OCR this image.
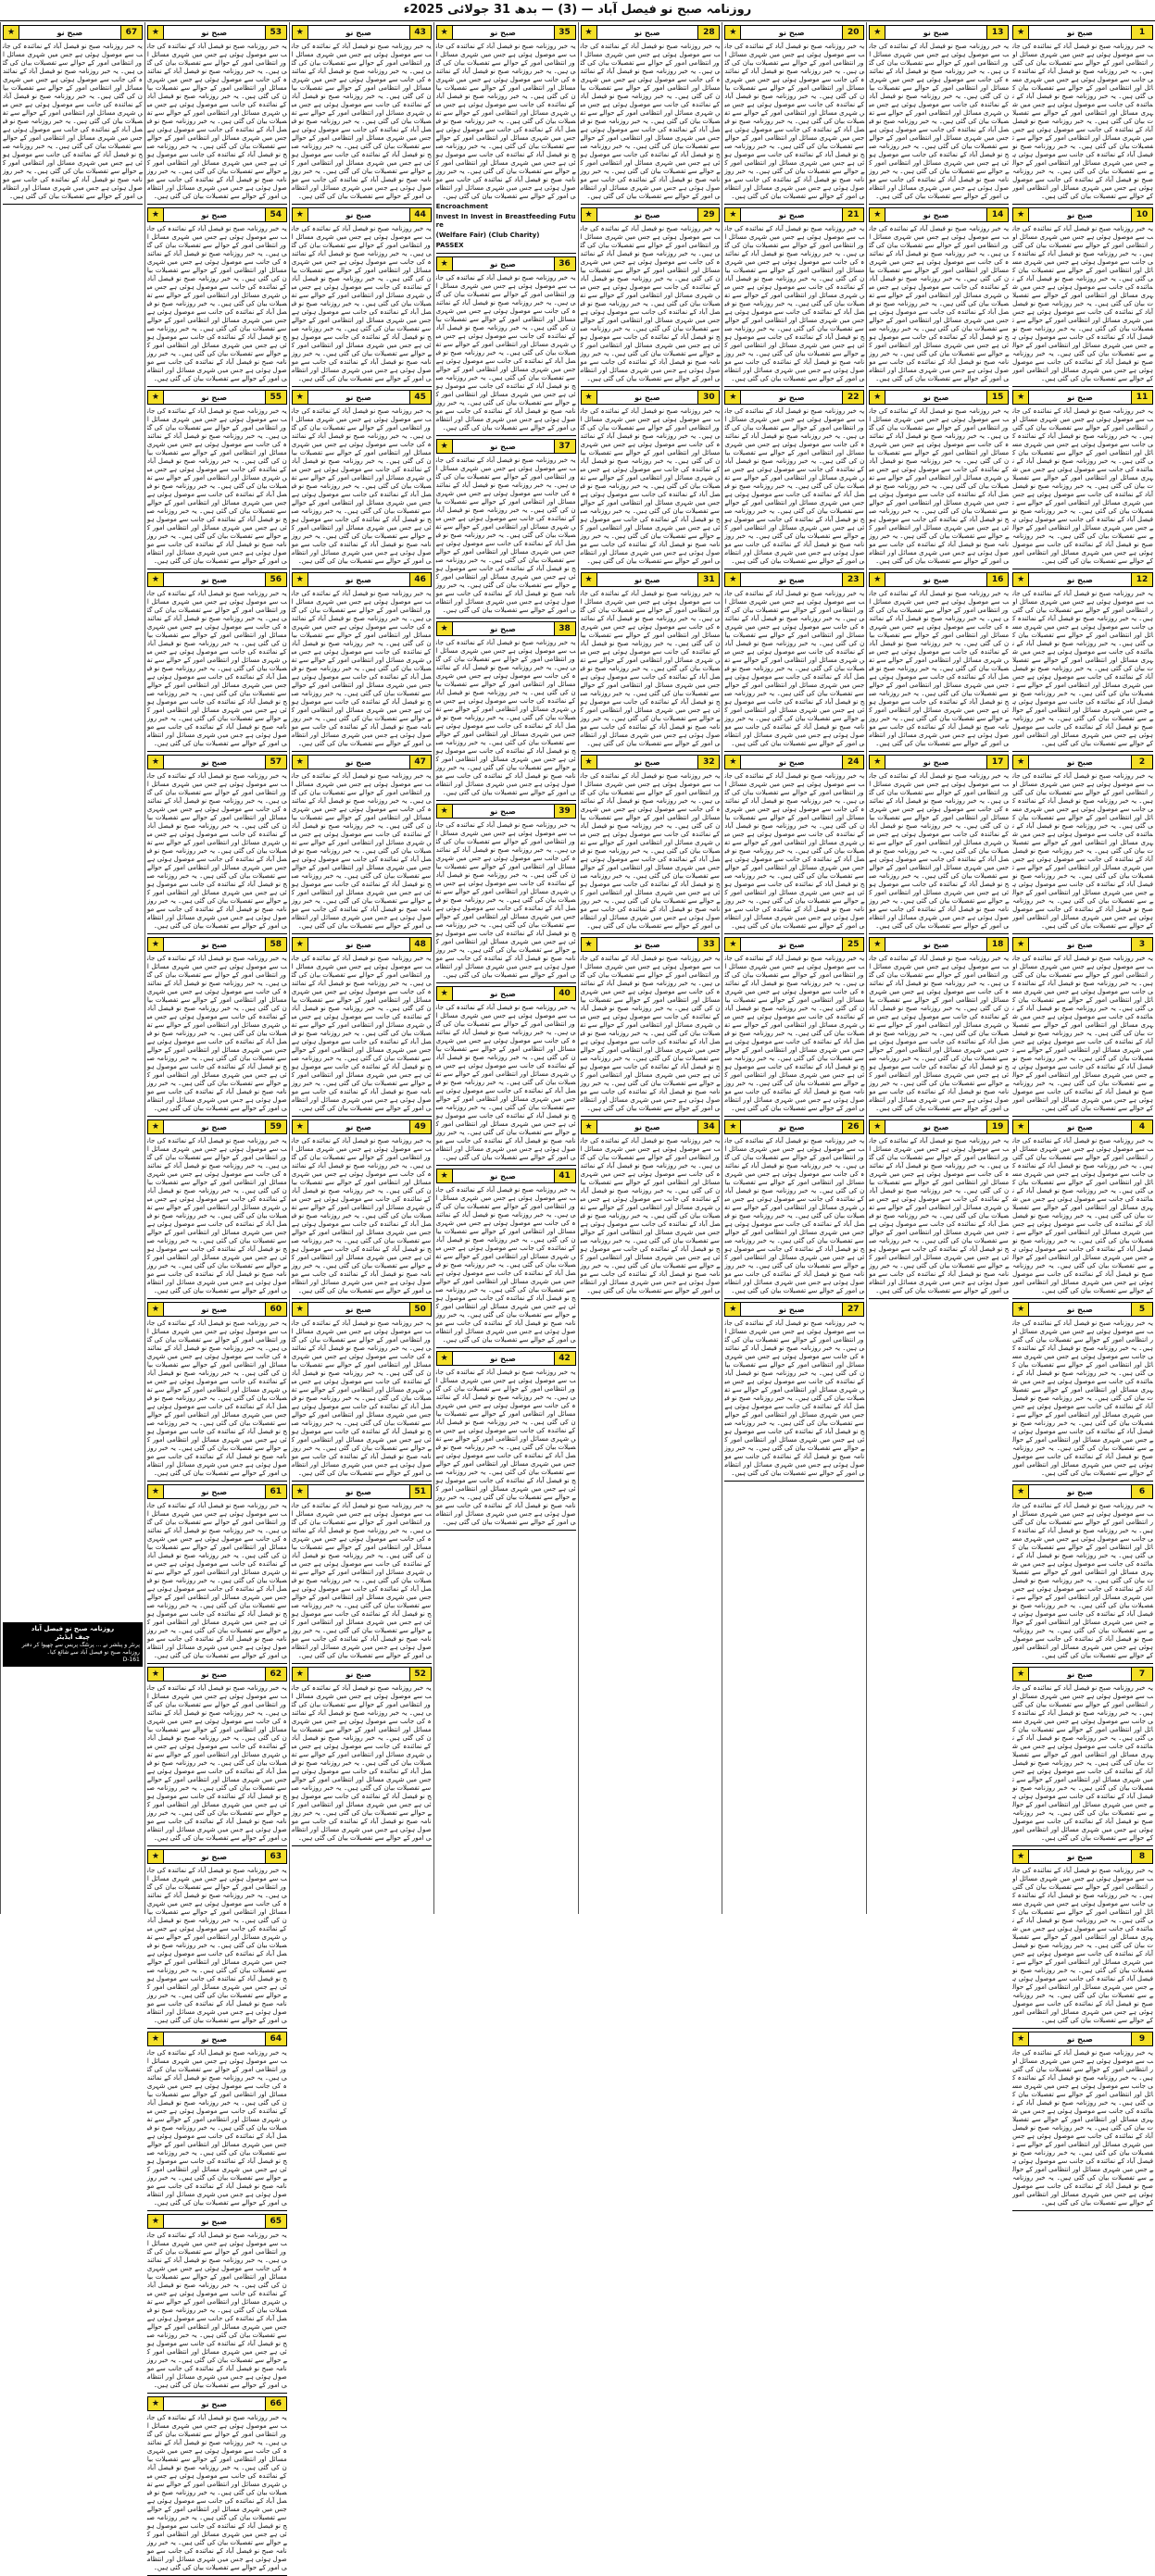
روزنامہ صبح نو فیصل آباد — (3) — بدھ 31 جولائی 2025ء
1
صبح نو
★
یہ خبر روزنامہ صبح نو فیصل آباد کے نمائندہ کی جانب سے موصول ہوئی ہے جس میں شہری مسائل اور انتظامی امور کے حوالے سے تفصیلات بیان کی گئی ہیں۔ یہ خبر روزنامہ صبح نو فیصل آباد کے نمائندہ کی جانب سے موصول ہوئی ہے جس میں شہری مسائل اور انتظامی امور کے حوالے سے تفصیلات بیان کی گئی ہیں۔ یہ خبر روزنامہ صبح نو فیصل آباد کے نمائندہ کی جانب سے موصول ہوئی ہے جس میں شہری مسائل اور انتظامی امور کے حوالے سے تفصیلات بیان کی گئی ہیں۔ یہ خبر روزنامہ صبح نو فیصل آباد کے نمائندہ کی جانب سے موصول ہوئی ہے جس میں شہری مسائل اور انتظامی امور کے حوالے سے تفصیلات بیان کی گئی ہیں۔ یہ خبر روزنامہ صبح نو فیصل آباد کے نمائندہ کی جانب سے موصول ہوئی ہے جس میں شہری مسائل اور انتظامی امور کے حوالے سے تفصیلات بیان کی گئی ہیں۔ یہ خبر روزنامہ صبح نو فیصل آباد کے نمائندہ کی جانب سے موصول ہوئی ہے جس میں شہری مسائل اور انتظامی امور کے حوالے سے تفصیلات بیان کی گئی ہیں۔
10
صبح نو
★
یہ خبر روزنامہ صبح نو فیصل آباد کے نمائندہ کی جانب سے موصول ہوئی ہے جس میں شہری مسائل اور انتظامی امور کے حوالے سے تفصیلات بیان کی گئی ہیں۔ یہ خبر روزنامہ صبح نو فیصل آباد کے نمائندہ کی جانب سے موصول ہوئی ہے جس میں شہری مسائل اور انتظامی امور کے حوالے سے تفصیلات بیان کی گئی ہیں۔ یہ خبر روزنامہ صبح نو فیصل آباد کے نمائندہ کی جانب سے موصول ہوئی ہے جس میں شہری مسائل اور انتظامی امور کے حوالے سے تفصیلات بیان کی گئی ہیں۔ یہ خبر روزنامہ صبح نو فیصل آباد کے نمائندہ کی جانب سے موصول ہوئی ہے جس میں شہری مسائل اور انتظامی امور کے حوالے سے تفصیلات بیان کی گئی ہیں۔ یہ خبر روزنامہ صبح نو فیصل آباد کے نمائندہ کی جانب سے موصول ہوئی ہے جس میں شہری مسائل اور انتظامی امور کے حوالے سے تفصیلات بیان کی گئی ہیں۔ یہ خبر روزنامہ صبح نو فیصل آباد کے نمائندہ کی جانب سے موصول ہوئی ہے جس میں شہری مسائل اور انتظامی امور کے حوالے سے تفصیلات بیان کی گئی ہیں۔
11
صبح نو
★
یہ خبر روزنامہ صبح نو فیصل آباد کے نمائندہ کی جانب سے موصول ہوئی ہے جس میں شہری مسائل اور انتظامی امور کے حوالے سے تفصیلات بیان کی گئی ہیں۔ یہ خبر روزنامہ صبح نو فیصل آباد کے نمائندہ کی جانب سے موصول ہوئی ہے جس میں شہری مسائل اور انتظامی امور کے حوالے سے تفصیلات بیان کی گئی ہیں۔ یہ خبر روزنامہ صبح نو فیصل آباد کے نمائندہ کی جانب سے موصول ہوئی ہے جس میں شہری مسائل اور انتظامی امور کے حوالے سے تفصیلات بیان کی گئی ہیں۔ یہ خبر روزنامہ صبح نو فیصل آباد کے نمائندہ کی جانب سے موصول ہوئی ہے جس میں شہری مسائل اور انتظامی امور کے حوالے سے تفصیلات بیان کی گئی ہیں۔ یہ خبر روزنامہ صبح نو فیصل آباد کے نمائندہ کی جانب سے موصول ہوئی ہے جس میں شہری مسائل اور انتظامی امور کے حوالے سے تفصیلات بیان کی گئی ہیں۔ یہ خبر روزنامہ صبح نو فیصل آباد کے نمائندہ کی جانب سے موصول ہوئی ہے جس میں شہری مسائل اور انتظامی امور کے حوالے سے تفصیلات بیان کی گئی ہیں۔
12
صبح نو
★
یہ خبر روزنامہ صبح نو فیصل آباد کے نمائندہ کی جانب سے موصول ہوئی ہے جس میں شہری مسائل اور انتظامی امور کے حوالے سے تفصیلات بیان کی گئی ہیں۔ یہ خبر روزنامہ صبح نو فیصل آباد کے نمائندہ کی جانب سے موصول ہوئی ہے جس میں شہری مسائل اور انتظامی امور کے حوالے سے تفصیلات بیان کی گئی ہیں۔ یہ خبر روزنامہ صبح نو فیصل آباد کے نمائندہ کی جانب سے موصول ہوئی ہے جس میں شہری مسائل اور انتظامی امور کے حوالے سے تفصیلات بیان کی گئی ہیں۔ یہ خبر روزنامہ صبح نو فیصل آباد کے نمائندہ کی جانب سے موصول ہوئی ہے جس میں شہری مسائل اور انتظامی امور کے حوالے سے تفصیلات بیان کی گئی ہیں۔ یہ خبر روزنامہ صبح نو فیصل آباد کے نمائندہ کی جانب سے موصول ہوئی ہے جس میں شہری مسائل اور انتظامی امور کے حوالے سے تفصیلات بیان کی گئی ہیں۔ یہ خبر روزنامہ صبح نو فیصل آباد کے نمائندہ کی جانب سے موصول ہوئی ہے جس میں شہری مسائل اور انتظامی امور کے حوالے سے تفصیلات بیان کی گئی ہیں۔
2
صبح نو
★
یہ خبر روزنامہ صبح نو فیصل آباد کے نمائندہ کی جانب سے موصول ہوئی ہے جس میں شہری مسائل اور انتظامی امور کے حوالے سے تفصیلات بیان کی گئی ہیں۔ یہ خبر روزنامہ صبح نو فیصل آباد کے نمائندہ کی جانب سے موصول ہوئی ہے جس میں شہری مسائل اور انتظامی امور کے حوالے سے تفصیلات بیان کی گئی ہیں۔ یہ خبر روزنامہ صبح نو فیصل آباد کے نمائندہ کی جانب سے موصول ہوئی ہے جس میں شہری مسائل اور انتظامی امور کے حوالے سے تفصیلات بیان کی گئی ہیں۔ یہ خبر روزنامہ صبح نو فیصل آباد کے نمائندہ کی جانب سے موصول ہوئی ہے جس میں شہری مسائل اور انتظامی امور کے حوالے سے تفصیلات بیان کی گئی ہیں۔ یہ خبر روزنامہ صبح نو فیصل آباد کے نمائندہ کی جانب سے موصول ہوئی ہے جس میں شہری مسائل اور انتظامی امور کے حوالے سے تفصیلات بیان کی گئی ہیں۔ یہ خبر روزنامہ صبح نو فیصل آباد کے نمائندہ کی جانب سے موصول ہوئی ہے جس میں شہری مسائل اور انتظامی امور کے حوالے سے تفصیلات بیان کی گئی ہیں۔
3
صبح نو
★
یہ خبر روزنامہ صبح نو فیصل آباد کے نمائندہ کی جانب سے موصول ہوئی ہے جس میں شہری مسائل اور انتظامی امور کے حوالے سے تفصیلات بیان کی گئی ہیں۔ یہ خبر روزنامہ صبح نو فیصل آباد کے نمائندہ کی جانب سے موصول ہوئی ہے جس میں شہری مسائل اور انتظامی امور کے حوالے سے تفصیلات بیان کی گئی ہیں۔ یہ خبر روزنامہ صبح نو فیصل آباد کے نمائندہ کی جانب سے موصول ہوئی ہے جس میں شہری مسائل اور انتظامی امور کے حوالے سے تفصیلات بیان کی گئی ہیں۔ یہ خبر روزنامہ صبح نو فیصل آباد کے نمائندہ کی جانب سے موصول ہوئی ہے جس میں شہری مسائل اور انتظامی امور کے حوالے سے تفصیلات بیان کی گئی ہیں۔ یہ خبر روزنامہ صبح نو فیصل آباد کے نمائندہ کی جانب سے موصول ہوئی ہے جس میں شہری مسائل اور انتظامی امور کے حوالے سے تفصیلات بیان کی گئی ہیں۔ یہ خبر روزنامہ صبح نو فیصل آباد کے نمائندہ کی جانب سے موصول ہوئی ہے جس میں شہری مسائل اور انتظامی امور کے حوالے سے تفصیلات بیان کی گئی ہیں۔
4
صبح نو
★
یہ خبر روزنامہ صبح نو فیصل آباد کے نمائندہ کی جانب سے موصول ہوئی ہے جس میں شہری مسائل اور انتظامی امور کے حوالے سے تفصیلات بیان کی گئی ہیں۔ یہ خبر روزنامہ صبح نو فیصل آباد کے نمائندہ کی جانب سے موصول ہوئی ہے جس میں شہری مسائل اور انتظامی امور کے حوالے سے تفصیلات بیان کی گئی ہیں۔ یہ خبر روزنامہ صبح نو فیصل آباد کے نمائندہ کی جانب سے موصول ہوئی ہے جس میں شہری مسائل اور انتظامی امور کے حوالے سے تفصیلات بیان کی گئی ہیں۔ یہ خبر روزنامہ صبح نو فیصل آباد کے نمائندہ کی جانب سے موصول ہوئی ہے جس میں شہری مسائل اور انتظامی امور کے حوالے سے تفصیلات بیان کی گئی ہیں۔ یہ خبر روزنامہ صبح نو فیصل آباد کے نمائندہ کی جانب سے موصول ہوئی ہے جس میں شہری مسائل اور انتظامی امور کے حوالے سے تفصیلات بیان کی گئی ہیں۔ یہ خبر روزنامہ صبح نو فیصل آباد کے نمائندہ کی جانب سے موصول ہوئی ہے جس میں شہری مسائل اور انتظامی امور کے حوالے سے تفصیلات بیان کی گئی ہیں۔
5
صبح نو
★
یہ خبر روزنامہ صبح نو فیصل آباد کے نمائندہ کی جانب سے موصول ہوئی ہے جس میں شہری مسائل اور انتظامی امور کے حوالے سے تفصیلات بیان کی گئی ہیں۔ یہ خبر روزنامہ صبح نو فیصل آباد کے نمائندہ کی جانب سے موصول ہوئی ہے جس میں شہری مسائل اور انتظامی امور کے حوالے سے تفصیلات بیان کی گئی ہیں۔ یہ خبر روزنامہ صبح نو فیصل آباد کے نمائندہ کی جانب سے موصول ہوئی ہے جس میں شہری مسائل اور انتظامی امور کے حوالے سے تفصیلات بیان کی گئی ہیں۔ یہ خبر روزنامہ صبح نو فیصل آباد کے نمائندہ کی جانب سے موصول ہوئی ہے جس میں شہری مسائل اور انتظامی امور کے حوالے سے تفصیلات بیان کی گئی ہیں۔ یہ خبر روزنامہ صبح نو فیصل آباد کے نمائندہ کی جانب سے موصول ہوئی ہے جس میں شہری مسائل اور انتظامی امور کے حوالے سے تفصیلات بیان کی گئی ہیں۔ یہ خبر روزنامہ صبح نو فیصل آباد کے نمائندہ کی جانب سے موصول ہوئی ہے جس میں شہری مسائل اور انتظامی امور کے حوالے سے تفصیلات بیان کی گئی ہیں۔
6
صبح نو
★
یہ خبر روزنامہ صبح نو فیصل آباد کے نمائندہ کی جانب سے موصول ہوئی ہے جس میں شہری مسائل اور انتظامی امور کے حوالے سے تفصیلات بیان کی گئی ہیں۔ یہ خبر روزنامہ صبح نو فیصل آباد کے نمائندہ کی جانب سے موصول ہوئی ہے جس میں شہری مسائل اور انتظامی امور کے حوالے سے تفصیلات بیان کی گئی ہیں۔ یہ خبر روزنامہ صبح نو فیصل آباد کے نمائندہ کی جانب سے موصول ہوئی ہے جس میں شہری مسائل اور انتظامی امور کے حوالے سے تفصیلات بیان کی گئی ہیں۔ یہ خبر روزنامہ صبح نو فیصل آباد کے نمائندہ کی جانب سے موصول ہوئی ہے جس میں شہری مسائل اور انتظامی امور کے حوالے سے تفصیلات بیان کی گئی ہیں۔ یہ خبر روزنامہ صبح نو فیصل آباد کے نمائندہ کی جانب سے موصول ہوئی ہے جس میں شہری مسائل اور انتظامی امور کے حوالے سے تفصیلات بیان کی گئی ہیں۔ یہ خبر روزنامہ صبح نو فیصل آباد کے نمائندہ کی جانب سے موصول ہوئی ہے جس میں شہری مسائل اور انتظامی امور کے حوالے سے تفصیلات بیان کی گئی ہیں۔
7
صبح نو
★
یہ خبر روزنامہ صبح نو فیصل آباد کے نمائندہ کی جانب سے موصول ہوئی ہے جس میں شہری مسائل اور انتظامی امور کے حوالے سے تفصیلات بیان کی گئی ہیں۔ یہ خبر روزنامہ صبح نو فیصل آباد کے نمائندہ کی جانب سے موصول ہوئی ہے جس میں شہری مسائل اور انتظامی امور کے حوالے سے تفصیلات بیان کی گئی ہیں۔ یہ خبر روزنامہ صبح نو فیصل آباد کے نمائندہ کی جانب سے موصول ہوئی ہے جس میں شہری مسائل اور انتظامی امور کے حوالے سے تفصیلات بیان کی گئی ہیں۔ یہ خبر روزنامہ صبح نو فیصل آباد کے نمائندہ کی جانب سے موصول ہوئی ہے جس میں شہری مسائل اور انتظامی امور کے حوالے سے تفصیلات بیان کی گئی ہیں۔ یہ خبر روزنامہ صبح نو فیصل آباد کے نمائندہ کی جانب سے موصول ہوئی ہے جس میں شہری مسائل اور انتظامی امور کے حوالے سے تفصیلات بیان کی گئی ہیں۔ یہ خبر روزنامہ صبح نو فیصل آباد کے نمائندہ کی جانب سے موصول ہوئی ہے جس میں شہری مسائل اور انتظامی امور کے حوالے سے تفصیلات بیان کی گئی ہیں۔
8
صبح نو
★
یہ خبر روزنامہ صبح نو فیصل آباد کے نمائندہ کی جانب سے موصول ہوئی ہے جس میں شہری مسائل اور انتظامی امور کے حوالے سے تفصیلات بیان کی گئی ہیں۔ یہ خبر روزنامہ صبح نو فیصل آباد کے نمائندہ کی جانب سے موصول ہوئی ہے جس میں شہری مسائل اور انتظامی امور کے حوالے سے تفصیلات بیان کی گئی ہیں۔ یہ خبر روزنامہ صبح نو فیصل آباد کے نمائندہ کی جانب سے موصول ہوئی ہے جس میں شہری مسائل اور انتظامی امور کے حوالے سے تفصیلات بیان کی گئی ہیں۔ یہ خبر روزنامہ صبح نو فیصل آباد کے نمائندہ کی جانب سے موصول ہوئی ہے جس میں شہری مسائل اور انتظامی امور کے حوالے سے تفصیلات بیان کی گئی ہیں۔ یہ خبر روزنامہ صبح نو فیصل آباد کے نمائندہ کی جانب سے موصول ہوئی ہے جس میں شہری مسائل اور انتظامی امور کے حوالے سے تفصیلات بیان کی گئی ہیں۔ یہ خبر روزنامہ صبح نو فیصل آباد کے نمائندہ کی جانب سے موصول ہوئی ہے جس میں شہری مسائل اور انتظامی امور کے حوالے سے تفصیلات بیان کی گئی ہیں۔
9
صبح نو
★
یہ خبر روزنامہ صبح نو فیصل آباد کے نمائندہ کی جانب سے موصول ہوئی ہے جس میں شہری مسائل اور انتظامی امور کے حوالے سے تفصیلات بیان کی گئی ہیں۔ یہ خبر روزنامہ صبح نو فیصل آباد کے نمائندہ کی جانب سے موصول ہوئی ہے جس میں شہری مسائل اور انتظامی امور کے حوالے سے تفصیلات بیان کی گئی ہیں۔ یہ خبر روزنامہ صبح نو فیصل آباد کے نمائندہ کی جانب سے موصول ہوئی ہے جس میں شہری مسائل اور انتظامی امور کے حوالے سے تفصیلات بیان کی گئی ہیں۔ یہ خبر روزنامہ صبح نو فیصل آباد کے نمائندہ کی جانب سے موصول ہوئی ہے جس میں شہری مسائل اور انتظامی امور کے حوالے سے تفصیلات بیان کی گئی ہیں۔ یہ خبر روزنامہ صبح نو فیصل آباد کے نمائندہ کی جانب سے موصول ہوئی ہے جس میں شہری مسائل اور انتظامی امور کے حوالے سے تفصیلات بیان کی گئی ہیں۔ یہ خبر روزنامہ صبح نو فیصل آباد کے نمائندہ کی جانب سے موصول ہوئی ہے جس میں شہری مسائل اور انتظامی امور کے حوالے سے تفصیلات بیان کی گئی ہیں۔
13
صبح نو
★
یہ خبر روزنامہ صبح نو فیصل آباد کے نمائندہ کی جانب سے موصول ہوئی ہے جس میں شہری مسائل اور انتظامی امور کے حوالے سے تفصیلات بیان کی گئی ہیں۔ یہ خبر روزنامہ صبح نو فیصل آباد کے نمائندہ کی جانب سے موصول ہوئی ہے جس میں شہری مسائل اور انتظامی امور کے حوالے سے تفصیلات بیان کی گئی ہیں۔ یہ خبر روزنامہ صبح نو فیصل آباد کے نمائندہ کی جانب سے موصول ہوئی ہے جس میں شہری مسائل اور انتظامی امور کے حوالے سے تفصیلات بیان کی گئی ہیں۔ یہ خبر روزنامہ صبح نو فیصل آباد کے نمائندہ کی جانب سے موصول ہوئی ہے جس میں شہری مسائل اور انتظامی امور کے حوالے سے تفصیلات بیان کی گئی ہیں۔ یہ خبر روزنامہ صبح نو فیصل آباد کے نمائندہ کی جانب سے موصول ہوئی ہے جس میں شہری مسائل اور انتظامی امور کے حوالے سے تفصیلات بیان کی گئی ہیں۔ یہ خبر روزنامہ صبح نو فیصل آباد کے نمائندہ کی جانب سے موصول ہوئی ہے جس میں شہری مسائل اور انتظامی امور کے حوالے سے تفصیلات بیان کی گئی ہیں۔
14
صبح نو
★
یہ خبر روزنامہ صبح نو فیصل آباد کے نمائندہ کی جانب سے موصول ہوئی ہے جس میں شہری مسائل اور انتظامی امور کے حوالے سے تفصیلات بیان کی گئی ہیں۔ یہ خبر روزنامہ صبح نو فیصل آباد کے نمائندہ کی جانب سے موصول ہوئی ہے جس میں شہری مسائل اور انتظامی امور کے حوالے سے تفصیلات بیان کی گئی ہیں۔ یہ خبر روزنامہ صبح نو فیصل آباد کے نمائندہ کی جانب سے موصول ہوئی ہے جس میں شہری مسائل اور انتظامی امور کے حوالے سے تفصیلات بیان کی گئی ہیں۔ یہ خبر روزنامہ صبح نو فیصل آباد کے نمائندہ کی جانب سے موصول ہوئی ہے جس میں شہری مسائل اور انتظامی امور کے حوالے سے تفصیلات بیان کی گئی ہیں۔ یہ خبر روزنامہ صبح نو فیصل آباد کے نمائندہ کی جانب سے موصول ہوئی ہے جس میں شہری مسائل اور انتظامی امور کے حوالے سے تفصیلات بیان کی گئی ہیں۔ یہ خبر روزنامہ صبح نو فیصل آباد کے نمائندہ کی جانب سے موصول ہوئی ہے جس میں شہری مسائل اور انتظامی امور کے حوالے سے تفصیلات بیان کی گئی ہیں۔
15
صبح نو
★
یہ خبر روزنامہ صبح نو فیصل آباد کے نمائندہ کی جانب سے موصول ہوئی ہے جس میں شہری مسائل اور انتظامی امور کے حوالے سے تفصیلات بیان کی گئی ہیں۔ یہ خبر روزنامہ صبح نو فیصل آباد کے نمائندہ کی جانب سے موصول ہوئی ہے جس میں شہری مسائل اور انتظامی امور کے حوالے سے تفصیلات بیان کی گئی ہیں۔ یہ خبر روزنامہ صبح نو فیصل آباد کے نمائندہ کی جانب سے موصول ہوئی ہے جس میں شہری مسائل اور انتظامی امور کے حوالے سے تفصیلات بیان کی گئی ہیں۔ یہ خبر روزنامہ صبح نو فیصل آباد کے نمائندہ کی جانب سے موصول ہوئی ہے جس میں شہری مسائل اور انتظامی امور کے حوالے سے تفصیلات بیان کی گئی ہیں۔ یہ خبر روزنامہ صبح نو فیصل آباد کے نمائندہ کی جانب سے موصول ہوئی ہے جس میں شہری مسائل اور انتظامی امور کے حوالے سے تفصیلات بیان کی گئی ہیں۔ یہ خبر روزنامہ صبح نو فیصل آباد کے نمائندہ کی جانب سے موصول ہوئی ہے جس میں شہری مسائل اور انتظامی امور کے حوالے سے تفصیلات بیان کی گئی ہیں۔
16
صبح نو
★
یہ خبر روزنامہ صبح نو فیصل آباد کے نمائندہ کی جانب سے موصول ہوئی ہے جس میں شہری مسائل اور انتظامی امور کے حوالے سے تفصیلات بیان کی گئی ہیں۔ یہ خبر روزنامہ صبح نو فیصل آباد کے نمائندہ کی جانب سے موصول ہوئی ہے جس میں شہری مسائل اور انتظامی امور کے حوالے سے تفصیلات بیان کی گئی ہیں۔ یہ خبر روزنامہ صبح نو فیصل آباد کے نمائندہ کی جانب سے موصول ہوئی ہے جس میں شہری مسائل اور انتظامی امور کے حوالے سے تفصیلات بیان کی گئی ہیں۔ یہ خبر روزنامہ صبح نو فیصل آباد کے نمائندہ کی جانب سے موصول ہوئی ہے جس میں شہری مسائل اور انتظامی امور کے حوالے سے تفصیلات بیان کی گئی ہیں۔ یہ خبر روزنامہ صبح نو فیصل آباد کے نمائندہ کی جانب سے موصول ہوئی ہے جس میں شہری مسائل اور انتظامی امور کے حوالے سے تفصیلات بیان کی گئی ہیں۔ یہ خبر روزنامہ صبح نو فیصل آباد کے نمائندہ کی جانب سے موصول ہوئی ہے جس میں شہری مسائل اور انتظامی امور کے حوالے سے تفصیلات بیان کی گئی ہیں۔
17
صبح نو
★
یہ خبر روزنامہ صبح نو فیصل آباد کے نمائندہ کی جانب سے موصول ہوئی ہے جس میں شہری مسائل اور انتظامی امور کے حوالے سے تفصیلات بیان کی گئی ہیں۔ یہ خبر روزنامہ صبح نو فیصل آباد کے نمائندہ کی جانب سے موصول ہوئی ہے جس میں شہری مسائل اور انتظامی امور کے حوالے سے تفصیلات بیان کی گئی ہیں۔ یہ خبر روزنامہ صبح نو فیصل آباد کے نمائندہ کی جانب سے موصول ہوئی ہے جس میں شہری مسائل اور انتظامی امور کے حوالے سے تفصیلات بیان کی گئی ہیں۔ یہ خبر روزنامہ صبح نو فیصل آباد کے نمائندہ کی جانب سے موصول ہوئی ہے جس میں شہری مسائل اور انتظامی امور کے حوالے سے تفصیلات بیان کی گئی ہیں۔ یہ خبر روزنامہ صبح نو فیصل آباد کے نمائندہ کی جانب سے موصول ہوئی ہے جس میں شہری مسائل اور انتظامی امور کے حوالے سے تفصیلات بیان کی گئی ہیں۔ یہ خبر روزنامہ صبح نو فیصل آباد کے نمائندہ کی جانب سے موصول ہوئی ہے جس میں شہری مسائل اور انتظامی امور کے حوالے سے تفصیلات بیان کی گئی ہیں۔
18
صبح نو
★
یہ خبر روزنامہ صبح نو فیصل آباد کے نمائندہ کی جانب سے موصول ہوئی ہے جس میں شہری مسائل اور انتظامی امور کے حوالے سے تفصیلات بیان کی گئی ہیں۔ یہ خبر روزنامہ صبح نو فیصل آباد کے نمائندہ کی جانب سے موصول ہوئی ہے جس میں شہری مسائل اور انتظامی امور کے حوالے سے تفصیلات بیان کی گئی ہیں۔ یہ خبر روزنامہ صبح نو فیصل آباد کے نمائندہ کی جانب سے موصول ہوئی ہے جس میں شہری مسائل اور انتظامی امور کے حوالے سے تفصیلات بیان کی گئی ہیں۔ یہ خبر روزنامہ صبح نو فیصل آباد کے نمائندہ کی جانب سے موصول ہوئی ہے جس میں شہری مسائل اور انتظامی امور کے حوالے سے تفصیلات بیان کی گئی ہیں۔ یہ خبر روزنامہ صبح نو فیصل آباد کے نمائندہ کی جانب سے موصول ہوئی ہے جس میں شہری مسائل اور انتظامی امور کے حوالے سے تفصیلات بیان کی گئی ہیں۔ یہ خبر روزنامہ صبح نو فیصل آباد کے نمائندہ کی جانب سے موصول ہوئی ہے جس میں شہری مسائل اور انتظامی امور کے حوالے سے تفصیلات بیان کی گئی ہیں۔
19
صبح نو
★
یہ خبر روزنامہ صبح نو فیصل آباد کے نمائندہ کی جانب سے موصول ہوئی ہے جس میں شہری مسائل اور انتظامی امور کے حوالے سے تفصیلات بیان کی گئی ہیں۔ یہ خبر روزنامہ صبح نو فیصل آباد کے نمائندہ کی جانب سے موصول ہوئی ہے جس میں شہری مسائل اور انتظامی امور کے حوالے سے تفصیلات بیان کی گئی ہیں۔ یہ خبر روزنامہ صبح نو فیصل آباد کے نمائندہ کی جانب سے موصول ہوئی ہے جس میں شہری مسائل اور انتظامی امور کے حوالے سے تفصیلات بیان کی گئی ہیں۔ یہ خبر روزنامہ صبح نو فیصل آباد کے نمائندہ کی جانب سے موصول ہوئی ہے جس میں شہری مسائل اور انتظامی امور کے حوالے سے تفصیلات بیان کی گئی ہیں۔ یہ خبر روزنامہ صبح نو فیصل آباد کے نمائندہ کی جانب سے موصول ہوئی ہے جس میں شہری مسائل اور انتظامی امور کے حوالے سے تفصیلات بیان کی گئی ہیں۔ یہ خبر روزنامہ صبح نو فیصل آباد کے نمائندہ کی جانب سے موصول ہوئی ہے جس میں شہری مسائل اور انتظامی امور کے حوالے سے تفصیلات بیان کی گئی ہیں۔
20
صبح نو
★
یہ خبر روزنامہ صبح نو فیصل آباد کے نمائندہ کی جانب سے موصول ہوئی ہے جس میں شہری مسائل اور انتظامی امور کے حوالے سے تفصیلات بیان کی گئی ہیں۔ یہ خبر روزنامہ صبح نو فیصل آباد کے نمائندہ کی جانب سے موصول ہوئی ہے جس میں شہری مسائل اور انتظامی امور کے حوالے سے تفصیلات بیان کی گئی ہیں۔ یہ خبر روزنامہ صبح نو فیصل آباد کے نمائندہ کی جانب سے موصول ہوئی ہے جس میں شہری مسائل اور انتظامی امور کے حوالے سے تفصیلات بیان کی گئی ہیں۔ یہ خبر روزنامہ صبح نو فیصل آباد کے نمائندہ کی جانب سے موصول ہوئی ہے جس میں شہری مسائل اور انتظامی امور کے حوالے سے تفصیلات بیان کی گئی ہیں۔ یہ خبر روزنامہ صبح نو فیصل آباد کے نمائندہ کی جانب سے موصول ہوئی ہے جس میں شہری مسائل اور انتظامی امور کے حوالے سے تفصیلات بیان کی گئی ہیں۔ یہ خبر روزنامہ صبح نو فیصل آباد کے نمائندہ کی جانب سے موصول ہوئی ہے جس میں شہری مسائل اور انتظامی امور کے حوالے سے تفصیلات بیان کی گئی ہیں۔
21
صبح نو
★
یہ خبر روزنامہ صبح نو فیصل آباد کے نمائندہ کی جانب سے موصول ہوئی ہے جس میں شہری مسائل اور انتظامی امور کے حوالے سے تفصیلات بیان کی گئی ہیں۔ یہ خبر روزنامہ صبح نو فیصل آباد کے نمائندہ کی جانب سے موصول ہوئی ہے جس میں شہری مسائل اور انتظامی امور کے حوالے سے تفصیلات بیان کی گئی ہیں۔ یہ خبر روزنامہ صبح نو فیصل آباد کے نمائندہ کی جانب سے موصول ہوئی ہے جس میں شہری مسائل اور انتظامی امور کے حوالے سے تفصیلات بیان کی گئی ہیں۔ یہ خبر روزنامہ صبح نو فیصل آباد کے نمائندہ کی جانب سے موصول ہوئی ہے جس میں شہری مسائل اور انتظامی امور کے حوالے سے تفصیلات بیان کی گئی ہیں۔ یہ خبر روزنامہ صبح نو فیصل آباد کے نمائندہ کی جانب سے موصول ہوئی ہے جس میں شہری مسائل اور انتظامی امور کے حوالے سے تفصیلات بیان کی گئی ہیں۔ یہ خبر روزنامہ صبح نو فیصل آباد کے نمائندہ کی جانب سے موصول ہوئی ہے جس میں شہری مسائل اور انتظامی امور کے حوالے سے تفصیلات بیان کی گئی ہیں۔
22
صبح نو
★
یہ خبر روزنامہ صبح نو فیصل آباد کے نمائندہ کی جانب سے موصول ہوئی ہے جس میں شہری مسائل اور انتظامی امور کے حوالے سے تفصیلات بیان کی گئی ہیں۔ یہ خبر روزنامہ صبح نو فیصل آباد کے نمائندہ کی جانب سے موصول ہوئی ہے جس میں شہری مسائل اور انتظامی امور کے حوالے سے تفصیلات بیان کی گئی ہیں۔ یہ خبر روزنامہ صبح نو فیصل آباد کے نمائندہ کی جانب سے موصول ہوئی ہے جس میں شہری مسائل اور انتظامی امور کے حوالے سے تفصیلات بیان کی گئی ہیں۔ یہ خبر روزنامہ صبح نو فیصل آباد کے نمائندہ کی جانب سے موصول ہوئی ہے جس میں شہری مسائل اور انتظامی امور کے حوالے سے تفصیلات بیان کی گئی ہیں۔ یہ خبر روزنامہ صبح نو فیصل آباد کے نمائندہ کی جانب سے موصول ہوئی ہے جس میں شہری مسائل اور انتظامی امور کے حوالے سے تفصیلات بیان کی گئی ہیں۔ یہ خبر روزنامہ صبح نو فیصل آباد کے نمائندہ کی جانب سے موصول ہوئی ہے جس میں شہری مسائل اور انتظامی امور کے حوالے سے تفصیلات بیان کی گئی ہیں۔
23
صبح نو
★
یہ خبر روزنامہ صبح نو فیصل آباد کے نمائندہ کی جانب سے موصول ہوئی ہے جس میں شہری مسائل اور انتظامی امور کے حوالے سے تفصیلات بیان کی گئی ہیں۔ یہ خبر روزنامہ صبح نو فیصل آباد کے نمائندہ کی جانب سے موصول ہوئی ہے جس میں شہری مسائل اور انتظامی امور کے حوالے سے تفصیلات بیان کی گئی ہیں۔ یہ خبر روزنامہ صبح نو فیصل آباد کے نمائندہ کی جانب سے موصول ہوئی ہے جس میں شہری مسائل اور انتظامی امور کے حوالے سے تفصیلات بیان کی گئی ہیں۔ یہ خبر روزنامہ صبح نو فیصل آباد کے نمائندہ کی جانب سے موصول ہوئی ہے جس میں شہری مسائل اور انتظامی امور کے حوالے سے تفصیلات بیان کی گئی ہیں۔ یہ خبر روزنامہ صبح نو فیصل آباد کے نمائندہ کی جانب سے موصول ہوئی ہے جس میں شہری مسائل اور انتظامی امور کے حوالے سے تفصیلات بیان کی گئی ہیں۔ یہ خبر روزنامہ صبح نو فیصل آباد کے نمائندہ کی جانب سے موصول ہوئی ہے جس میں شہری مسائل اور انتظامی امور کے حوالے سے تفصیلات بیان کی گئی ہیں۔
24
صبح نو
★
یہ خبر روزنامہ صبح نو فیصل آباد کے نمائندہ کی جانب سے موصول ہوئی ہے جس میں شہری مسائل اور انتظامی امور کے حوالے سے تفصیلات بیان کی گئی ہیں۔ یہ خبر روزنامہ صبح نو فیصل آباد کے نمائندہ کی جانب سے موصول ہوئی ہے جس میں شہری مسائل اور انتظامی امور کے حوالے سے تفصیلات بیان کی گئی ہیں۔ یہ خبر روزنامہ صبح نو فیصل آباد کے نمائندہ کی جانب سے موصول ہوئی ہے جس میں شہری مسائل اور انتظامی امور کے حوالے سے تفصیلات بیان کی گئی ہیں۔ یہ خبر روزنامہ صبح نو فیصل آباد کے نمائندہ کی جانب سے موصول ہوئی ہے جس میں شہری مسائل اور انتظامی امور کے حوالے سے تفصیلات بیان کی گئی ہیں۔ یہ خبر روزنامہ صبح نو فیصل آباد کے نمائندہ کی جانب سے موصول ہوئی ہے جس میں شہری مسائل اور انتظامی امور کے حوالے سے تفصیلات بیان کی گئی ہیں۔ یہ خبر روزنامہ صبح نو فیصل آباد کے نمائندہ کی جانب سے موصول ہوئی ہے جس میں شہری مسائل اور انتظامی امور کے حوالے سے تفصیلات بیان کی گئی ہیں۔
25
صبح نو
★
یہ خبر روزنامہ صبح نو فیصل آباد کے نمائندہ کی جانب سے موصول ہوئی ہے جس میں شہری مسائل اور انتظامی امور کے حوالے سے تفصیلات بیان کی گئی ہیں۔ یہ خبر روزنامہ صبح نو فیصل آباد کے نمائندہ کی جانب سے موصول ہوئی ہے جس میں شہری مسائل اور انتظامی امور کے حوالے سے تفصیلات بیان کی گئی ہیں۔ یہ خبر روزنامہ صبح نو فیصل آباد کے نمائندہ کی جانب سے موصول ہوئی ہے جس میں شہری مسائل اور انتظامی امور کے حوالے سے تفصیلات بیان کی گئی ہیں۔ یہ خبر روزنامہ صبح نو فیصل آباد کے نمائندہ کی جانب سے موصول ہوئی ہے جس میں شہری مسائل اور انتظامی امور کے حوالے سے تفصیلات بیان کی گئی ہیں۔ یہ خبر روزنامہ صبح نو فیصل آباد کے نمائندہ کی جانب سے موصول ہوئی ہے جس میں شہری مسائل اور انتظامی امور کے حوالے سے تفصیلات بیان کی گئی ہیں۔ یہ خبر روزنامہ صبح نو فیصل آباد کے نمائندہ کی جانب سے موصول ہوئی ہے جس میں شہری مسائل اور انتظامی امور کے حوالے سے تفصیلات بیان کی گئی ہیں۔
26
صبح نو
★
یہ خبر روزنامہ صبح نو فیصل آباد کے نمائندہ کی جانب سے موصول ہوئی ہے جس میں شہری مسائل اور انتظامی امور کے حوالے سے تفصیلات بیان کی گئی ہیں۔ یہ خبر روزنامہ صبح نو فیصل آباد کے نمائندہ کی جانب سے موصول ہوئی ہے جس میں شہری مسائل اور انتظامی امور کے حوالے سے تفصیلات بیان کی گئی ہیں۔ یہ خبر روزنامہ صبح نو فیصل آباد کے نمائندہ کی جانب سے موصول ہوئی ہے جس میں شہری مسائل اور انتظامی امور کے حوالے سے تفصیلات بیان کی گئی ہیں۔ یہ خبر روزنامہ صبح نو فیصل آباد کے نمائندہ کی جانب سے موصول ہوئی ہے جس میں شہری مسائل اور انتظامی امور کے حوالے سے تفصیلات بیان کی گئی ہیں۔ یہ خبر روزنامہ صبح نو فیصل آباد کے نمائندہ کی جانب سے موصول ہوئی ہے جس میں شہری مسائل اور انتظامی امور کے حوالے سے تفصیلات بیان کی گئی ہیں۔ یہ خبر روزنامہ صبح نو فیصل آباد کے نمائندہ کی جانب سے موصول ہوئی ہے جس میں شہری مسائل اور انتظامی امور کے حوالے سے تفصیلات بیان کی گئی ہیں۔
27
صبح نو
★
یہ خبر روزنامہ صبح نو فیصل آباد کے نمائندہ کی جانب سے موصول ہوئی ہے جس میں شہری مسائل اور انتظامی امور کے حوالے سے تفصیلات بیان کی گئی ہیں۔ یہ خبر روزنامہ صبح نو فیصل آباد کے نمائندہ کی جانب سے موصول ہوئی ہے جس میں شہری مسائل اور انتظامی امور کے حوالے سے تفصیلات بیان کی گئی ہیں۔ یہ خبر روزنامہ صبح نو فیصل آباد کے نمائندہ کی جانب سے موصول ہوئی ہے جس میں شہری مسائل اور انتظامی امور کے حوالے سے تفصیلات بیان کی گئی ہیں۔ یہ خبر روزنامہ صبح نو فیصل آباد کے نمائندہ کی جانب سے موصول ہوئی ہے جس میں شہری مسائل اور انتظامی امور کے حوالے سے تفصیلات بیان کی گئی ہیں۔ یہ خبر روزنامہ صبح نو فیصل آباد کے نمائندہ کی جانب سے موصول ہوئی ہے جس میں شہری مسائل اور انتظامی امور کے حوالے سے تفصیلات بیان کی گئی ہیں۔ یہ خبر روزنامہ صبح نو فیصل آباد کے نمائندہ کی جانب سے موصول ہوئی ہے جس میں شہری مسائل اور انتظامی امور کے حوالے سے تفصیلات بیان کی گئی ہیں۔
28
صبح نو
★
یہ خبر روزنامہ صبح نو فیصل آباد کے نمائندہ کی جانب سے موصول ہوئی ہے جس میں شہری مسائل اور انتظامی امور کے حوالے سے تفصیلات بیان کی گئی ہیں۔ یہ خبر روزنامہ صبح نو فیصل آباد کے نمائندہ کی جانب سے موصول ہوئی ہے جس میں شہری مسائل اور انتظامی امور کے حوالے سے تفصیلات بیان کی گئی ہیں۔ یہ خبر روزنامہ صبح نو فیصل آباد کے نمائندہ کی جانب سے موصول ہوئی ہے جس میں شہری مسائل اور انتظامی امور کے حوالے سے تفصیلات بیان کی گئی ہیں۔ یہ خبر روزنامہ صبح نو فیصل آباد کے نمائندہ کی جانب سے موصول ہوئی ہے جس میں شہری مسائل اور انتظامی امور کے حوالے سے تفصیلات بیان کی گئی ہیں۔ یہ خبر روزنامہ صبح نو فیصل آباد کے نمائندہ کی جانب سے موصول ہوئی ہے جس میں شہری مسائل اور انتظامی امور کے حوالے سے تفصیلات بیان کی گئی ہیں۔ یہ خبر روزنامہ صبح نو فیصل آباد کے نمائندہ کی جانب سے موصول ہوئی ہے جس میں شہری مسائل اور انتظامی امور کے حوالے سے تفصیلات بیان کی گئی ہیں۔
29
صبح نو
★
یہ خبر روزنامہ صبح نو فیصل آباد کے نمائندہ کی جانب سے موصول ہوئی ہے جس میں شہری مسائل اور انتظامی امور کے حوالے سے تفصیلات بیان کی گئی ہیں۔ یہ خبر روزنامہ صبح نو فیصل آباد کے نمائندہ کی جانب سے موصول ہوئی ہے جس میں شہری مسائل اور انتظامی امور کے حوالے سے تفصیلات بیان کی گئی ہیں۔ یہ خبر روزنامہ صبح نو فیصل آباد کے نمائندہ کی جانب سے موصول ہوئی ہے جس میں شہری مسائل اور انتظامی امور کے حوالے سے تفصیلات بیان کی گئی ہیں۔ یہ خبر روزنامہ صبح نو فیصل آباد کے نمائندہ کی جانب سے موصول ہوئی ہے جس میں شہری مسائل اور انتظامی امور کے حوالے سے تفصیلات بیان کی گئی ہیں۔ یہ خبر روزنامہ صبح نو فیصل آباد کے نمائندہ کی جانب سے موصول ہوئی ہے جس میں شہری مسائل اور انتظامی امور کے حوالے سے تفصیلات بیان کی گئی ہیں۔ یہ خبر روزنامہ صبح نو فیصل آباد کے نمائندہ کی جانب سے موصول ہوئی ہے جس میں شہری مسائل اور انتظامی امور کے حوالے سے تفصیلات بیان کی گئی ہیں۔
30
صبح نو
★
یہ خبر روزنامہ صبح نو فیصل آباد کے نمائندہ کی جانب سے موصول ہوئی ہے جس میں شہری مسائل اور انتظامی امور کے حوالے سے تفصیلات بیان کی گئی ہیں۔ یہ خبر روزنامہ صبح نو فیصل آباد کے نمائندہ کی جانب سے موصول ہوئی ہے جس میں شہری مسائل اور انتظامی امور کے حوالے سے تفصیلات بیان کی گئی ہیں۔ یہ خبر روزنامہ صبح نو فیصل آباد کے نمائندہ کی جانب سے موصول ہوئی ہے جس میں شہری مسائل اور انتظامی امور کے حوالے سے تفصیلات بیان کی گئی ہیں۔ یہ خبر روزنامہ صبح نو فیصل آباد کے نمائندہ کی جانب سے موصول ہوئی ہے جس میں شہری مسائل اور انتظامی امور کے حوالے سے تفصیلات بیان کی گئی ہیں۔ یہ خبر روزنامہ صبح نو فیصل آباد کے نمائندہ کی جانب سے موصول ہوئی ہے جس میں شہری مسائل اور انتظامی امور کے حوالے سے تفصیلات بیان کی گئی ہیں۔ یہ خبر روزنامہ صبح نو فیصل آباد کے نمائندہ کی جانب سے موصول ہوئی ہے جس میں شہری مسائل اور انتظامی امور کے حوالے سے تفصیلات بیان کی گئی ہیں۔
31
صبح نو
★
یہ خبر روزنامہ صبح نو فیصل آباد کے نمائندہ کی جانب سے موصول ہوئی ہے جس میں شہری مسائل اور انتظامی امور کے حوالے سے تفصیلات بیان کی گئی ہیں۔ یہ خبر روزنامہ صبح نو فیصل آباد کے نمائندہ کی جانب سے موصول ہوئی ہے جس میں شہری مسائل اور انتظامی امور کے حوالے سے تفصیلات بیان کی گئی ہیں۔ یہ خبر روزنامہ صبح نو فیصل آباد کے نمائندہ کی جانب سے موصول ہوئی ہے جس میں شہری مسائل اور انتظامی امور کے حوالے سے تفصیلات بیان کی گئی ہیں۔ یہ خبر روزنامہ صبح نو فیصل آباد کے نمائندہ کی جانب سے موصول ہوئی ہے جس میں شہری مسائل اور انتظامی امور کے حوالے سے تفصیلات بیان کی گئی ہیں۔ یہ خبر روزنامہ صبح نو فیصل آباد کے نمائندہ کی جانب سے موصول ہوئی ہے جس میں شہری مسائل اور انتظامی امور کے حوالے سے تفصیلات بیان کی گئی ہیں۔ یہ خبر روزنامہ صبح نو فیصل آباد کے نمائندہ کی جانب سے موصول ہوئی ہے جس میں شہری مسائل اور انتظامی امور کے حوالے سے تفصیلات بیان کی گئی ہیں۔
32
صبح نو
★
یہ خبر روزنامہ صبح نو فیصل آباد کے نمائندہ کی جانب سے موصول ہوئی ہے جس میں شہری مسائل اور انتظامی امور کے حوالے سے تفصیلات بیان کی گئی ہیں۔ یہ خبر روزنامہ صبح نو فیصل آباد کے نمائندہ کی جانب سے موصول ہوئی ہے جس میں شہری مسائل اور انتظامی امور کے حوالے سے تفصیلات بیان کی گئی ہیں۔ یہ خبر روزنامہ صبح نو فیصل آباد کے نمائندہ کی جانب سے موصول ہوئی ہے جس میں شہری مسائل اور انتظامی امور کے حوالے سے تفصیلات بیان کی گئی ہیں۔ یہ خبر روزنامہ صبح نو فیصل آباد کے نمائندہ کی جانب سے موصول ہوئی ہے جس میں شہری مسائل اور انتظامی امور کے حوالے سے تفصیلات بیان کی گئی ہیں۔ یہ خبر روزنامہ صبح نو فیصل آباد کے نمائندہ کی جانب سے موصول ہوئی ہے جس میں شہری مسائل اور انتظامی امور کے حوالے سے تفصیلات بیان کی گئی ہیں۔ یہ خبر روزنامہ صبح نو فیصل آباد کے نمائندہ کی جانب سے موصول ہوئی ہے جس میں شہری مسائل اور انتظامی امور کے حوالے سے تفصیلات بیان کی گئی ہیں۔
33
صبح نو
★
یہ خبر روزنامہ صبح نو فیصل آباد کے نمائندہ کی جانب سے موصول ہوئی ہے جس میں شہری مسائل اور انتظامی امور کے حوالے سے تفصیلات بیان کی گئی ہیں۔ یہ خبر روزنامہ صبح نو فیصل آباد کے نمائندہ کی جانب سے موصول ہوئی ہے جس میں شہری مسائل اور انتظامی امور کے حوالے سے تفصیلات بیان کی گئی ہیں۔ یہ خبر روزنامہ صبح نو فیصل آباد کے نمائندہ کی جانب سے موصول ہوئی ہے جس میں شہری مسائل اور انتظامی امور کے حوالے سے تفصیلات بیان کی گئی ہیں۔ یہ خبر روزنامہ صبح نو فیصل آباد کے نمائندہ کی جانب سے موصول ہوئی ہے جس میں شہری مسائل اور انتظامی امور کے حوالے سے تفصیلات بیان کی گئی ہیں۔ یہ خبر روزنامہ صبح نو فیصل آباد کے نمائندہ کی جانب سے موصول ہوئی ہے جس میں شہری مسائل اور انتظامی امور کے حوالے سے تفصیلات بیان کی گئی ہیں۔ یہ خبر روزنامہ صبح نو فیصل آباد کے نمائندہ کی جانب سے موصول ہوئی ہے جس میں شہری مسائل اور انتظامی امور کے حوالے سے تفصیلات بیان کی گئی ہیں۔
34
صبح نو
★
یہ خبر روزنامہ صبح نو فیصل آباد کے نمائندہ کی جانب سے موصول ہوئی ہے جس میں شہری مسائل اور انتظامی امور کے حوالے سے تفصیلات بیان کی گئی ہیں۔ یہ خبر روزنامہ صبح نو فیصل آباد کے نمائندہ کی جانب سے موصول ہوئی ہے جس میں شہری مسائل اور انتظامی امور کے حوالے سے تفصیلات بیان کی گئی ہیں۔ یہ خبر روزنامہ صبح نو فیصل آباد کے نمائندہ کی جانب سے موصول ہوئی ہے جس میں شہری مسائل اور انتظامی امور کے حوالے سے تفصیلات بیان کی گئی ہیں۔ یہ خبر روزنامہ صبح نو فیصل آباد کے نمائندہ کی جانب سے موصول ہوئی ہے جس میں شہری مسائل اور انتظامی امور کے حوالے سے تفصیلات بیان کی گئی ہیں۔ یہ خبر روزنامہ صبح نو فیصل آباد کے نمائندہ کی جانب سے موصول ہوئی ہے جس میں شہری مسائل اور انتظامی امور کے حوالے سے تفصیلات بیان کی گئی ہیں۔ یہ خبر روزنامہ صبح نو فیصل آباد کے نمائندہ کی جانب سے موصول ہوئی ہے جس میں شہری مسائل اور انتظامی امور کے حوالے سے تفصیلات بیان کی گئی ہیں۔
35
صبح نو
★
یہ خبر روزنامہ صبح نو فیصل آباد کے نمائندہ کی جانب سے موصول ہوئی ہے جس میں شہری مسائل اور انتظامی امور کے حوالے سے تفصیلات بیان کی گئی ہیں۔ یہ خبر روزنامہ صبح نو فیصل آباد کے نمائندہ کی جانب سے موصول ہوئی ہے جس میں شہری مسائل اور انتظامی امور کے حوالے سے تفصیلات بیان کی گئی ہیں۔ یہ خبر روزنامہ صبح نو فیصل آباد کے نمائندہ کی جانب سے موصول ہوئی ہے جس میں شہری مسائل اور انتظامی امور کے حوالے سے تفصیلات بیان کی گئی ہیں۔ یہ خبر روزنامہ صبح نو فیصل آباد کے نمائندہ کی جانب سے موصول ہوئی ہے جس میں شہری مسائل اور انتظامی امور کے حوالے سے تفصیلات بیان کی گئی ہیں۔ یہ خبر روزنامہ صبح نو فیصل آباد کے نمائندہ کی جانب سے موصول ہوئی ہے جس میں شہری مسائل اور انتظامی امور کے حوالے سے تفصیلات بیان کی گئی ہیں۔ یہ خبر روزنامہ صبح نو فیصل آباد کے نمائندہ کی جانب سے موصول ہوئی ہے جس میں شہری مسائل اور انتظامی امور کے حوالے سے تفصیلات بیان کی گئی ہیں۔
Encroachment
Invest In Invest in Breastfeeding Future
(Welfare Fair) (Club Charity)
PASSEX
36
صبح نو
★
یہ خبر روزنامہ صبح نو فیصل آباد کے نمائندہ کی جانب سے موصول ہوئی ہے جس میں شہری مسائل اور انتظامی امور کے حوالے سے تفصیلات بیان کی گئی ہیں۔ یہ خبر روزنامہ صبح نو فیصل آباد کے نمائندہ کی جانب سے موصول ہوئی ہے جس میں شہری مسائل اور انتظامی امور کے حوالے سے تفصیلات بیان کی گئی ہیں۔ یہ خبر روزنامہ صبح نو فیصل آباد کے نمائندہ کی جانب سے موصول ہوئی ہے جس میں شہری مسائل اور انتظامی امور کے حوالے سے تفصیلات بیان کی گئی ہیں۔ یہ خبر روزنامہ صبح نو فیصل آباد کے نمائندہ کی جانب سے موصول ہوئی ہے جس میں شہری مسائل اور انتظامی امور کے حوالے سے تفصیلات بیان کی گئی ہیں۔ یہ خبر روزنامہ صبح نو فیصل آباد کے نمائندہ کی جانب سے موصول ہوئی ہے جس میں شہری مسائل اور انتظامی امور کے حوالے سے تفصیلات بیان کی گئی ہیں۔ یہ خبر روزنامہ صبح نو فیصل آباد کے نمائندہ کی جانب سے موصول ہوئی ہے جس میں شہری مسائل اور انتظامی امور کے حوالے سے تفصیلات بیان کی گئی ہیں۔
37
صبح نو
★
یہ خبر روزنامہ صبح نو فیصل آباد کے نمائندہ کی جانب سے موصول ہوئی ہے جس میں شہری مسائل اور انتظامی امور کے حوالے سے تفصیلات بیان کی گئی ہیں۔ یہ خبر روزنامہ صبح نو فیصل آباد کے نمائندہ کی جانب سے موصول ہوئی ہے جس میں شہری مسائل اور انتظامی امور کے حوالے سے تفصیلات بیان کی گئی ہیں۔ یہ خبر روزنامہ صبح نو فیصل آباد کے نمائندہ کی جانب سے موصول ہوئی ہے جس میں شہری مسائل اور انتظامی امور کے حوالے سے تفصیلات بیان کی گئی ہیں۔ یہ خبر روزنامہ صبح نو فیصل آباد کے نمائندہ کی جانب سے موصول ہوئی ہے جس میں شہری مسائل اور انتظامی امور کے حوالے سے تفصیلات بیان کی گئی ہیں۔ یہ خبر روزنامہ صبح نو فیصل آباد کے نمائندہ کی جانب سے موصول ہوئی ہے جس میں شہری مسائل اور انتظامی امور کے حوالے سے تفصیلات بیان کی گئی ہیں۔ یہ خبر روزنامہ صبح نو فیصل آباد کے نمائندہ کی جانب سے موصول ہوئی ہے جس میں شہری مسائل اور انتظامی امور کے حوالے سے تفصیلات بیان کی گئی ہیں۔
38
صبح نو
★
یہ خبر روزنامہ صبح نو فیصل آباد کے نمائندہ کی جانب سے موصول ہوئی ہے جس میں شہری مسائل اور انتظامی امور کے حوالے سے تفصیلات بیان کی گئی ہیں۔ یہ خبر روزنامہ صبح نو فیصل آباد کے نمائندہ کی جانب سے موصول ہوئی ہے جس میں شہری مسائل اور انتظامی امور کے حوالے سے تفصیلات بیان کی گئی ہیں۔ یہ خبر روزنامہ صبح نو فیصل آباد کے نمائندہ کی جانب سے موصول ہوئی ہے جس میں شہری مسائل اور انتظامی امور کے حوالے سے تفصیلات بیان کی گئی ہیں۔ یہ خبر روزنامہ صبح نو فیصل آباد کے نمائندہ کی جانب سے موصول ہوئی ہے جس میں شہری مسائل اور انتظامی امور کے حوالے سے تفصیلات بیان کی گئی ہیں۔ یہ خبر روزنامہ صبح نو فیصل آباد کے نمائندہ کی جانب سے موصول ہوئی ہے جس میں شہری مسائل اور انتظامی امور کے حوالے سے تفصیلات بیان کی گئی ہیں۔ یہ خبر روزنامہ صبح نو فیصل آباد کے نمائندہ کی جانب سے موصول ہوئی ہے جس میں شہری مسائل اور انتظامی امور کے حوالے سے تفصیلات بیان کی گئی ہیں۔
39
صبح نو
★
یہ خبر روزنامہ صبح نو فیصل آباد کے نمائندہ کی جانب سے موصول ہوئی ہے جس میں شہری مسائل اور انتظامی امور کے حوالے سے تفصیلات بیان کی گئی ہیں۔ یہ خبر روزنامہ صبح نو فیصل آباد کے نمائندہ کی جانب سے موصول ہوئی ہے جس میں شہری مسائل اور انتظامی امور کے حوالے سے تفصیلات بیان کی گئی ہیں۔ یہ خبر روزنامہ صبح نو فیصل آباد کے نمائندہ کی جانب سے موصول ہوئی ہے جس میں شہری مسائل اور انتظامی امور کے حوالے سے تفصیلات بیان کی گئی ہیں۔ یہ خبر روزنامہ صبح نو فیصل آباد کے نمائندہ کی جانب سے موصول ہوئی ہے جس میں شہری مسائل اور انتظامی امور کے حوالے سے تفصیلات بیان کی گئی ہیں۔ یہ خبر روزنامہ صبح نو فیصل آباد کے نمائندہ کی جانب سے موصول ہوئی ہے جس میں شہری مسائل اور انتظامی امور کے حوالے سے تفصیلات بیان کی گئی ہیں۔ یہ خبر روزنامہ صبح نو فیصل آباد کے نمائندہ کی جانب سے موصول ہوئی ہے جس میں شہری مسائل اور انتظامی امور کے حوالے سے تفصیلات بیان کی گئی ہیں۔
40
صبح نو
★
یہ خبر روزنامہ صبح نو فیصل آباد کے نمائندہ کی جانب سے موصول ہوئی ہے جس میں شہری مسائل اور انتظامی امور کے حوالے سے تفصیلات بیان کی گئی ہیں۔ یہ خبر روزنامہ صبح نو فیصل آباد کے نمائندہ کی جانب سے موصول ہوئی ہے جس میں شہری مسائل اور انتظامی امور کے حوالے سے تفصیلات بیان کی گئی ہیں۔ یہ خبر روزنامہ صبح نو فیصل آباد کے نمائندہ کی جانب سے موصول ہوئی ہے جس میں شہری مسائل اور انتظامی امور کے حوالے سے تفصیلات بیان کی گئی ہیں۔ یہ خبر روزنامہ صبح نو فیصل آباد کے نمائندہ کی جانب سے موصول ہوئی ہے جس میں شہری مسائل اور انتظامی امور کے حوالے سے تفصیلات بیان کی گئی ہیں۔ یہ خبر روزنامہ صبح نو فیصل آباد کے نمائندہ کی جانب سے موصول ہوئی ہے جس میں شہری مسائل اور انتظامی امور کے حوالے سے تفصیلات بیان کی گئی ہیں۔ یہ خبر روزنامہ صبح نو فیصل آباد کے نمائندہ کی جانب سے موصول ہوئی ہے جس میں شہری مسائل اور انتظامی امور کے حوالے سے تفصیلات بیان کی گئی ہیں۔
41
صبح نو
★
یہ خبر روزنامہ صبح نو فیصل آباد کے نمائندہ کی جانب سے موصول ہوئی ہے جس میں شہری مسائل اور انتظامی امور کے حوالے سے تفصیلات بیان کی گئی ہیں۔ یہ خبر روزنامہ صبح نو فیصل آباد کے نمائندہ کی جانب سے موصول ہوئی ہے جس میں شہری مسائل اور انتظامی امور کے حوالے سے تفصیلات بیان کی گئی ہیں۔ یہ خبر روزنامہ صبح نو فیصل آباد کے نمائندہ کی جانب سے موصول ہوئی ہے جس میں شہری مسائل اور انتظامی امور کے حوالے سے تفصیلات بیان کی گئی ہیں۔ یہ خبر روزنامہ صبح نو فیصل آباد کے نمائندہ کی جانب سے موصول ہوئی ہے جس میں شہری مسائل اور انتظامی امور کے حوالے سے تفصیلات بیان کی گئی ہیں۔ یہ خبر روزنامہ صبح نو فیصل آباد کے نمائندہ کی جانب سے موصول ہوئی ہے جس میں شہری مسائل اور انتظامی امور کے حوالے سے تفصیلات بیان کی گئی ہیں۔ یہ خبر روزنامہ صبح نو فیصل آباد کے نمائندہ کی جانب سے موصول ہوئی ہے جس میں شہری مسائل اور انتظامی امور کے حوالے سے تفصیلات بیان کی گئی ہیں۔
42
صبح نو
★
یہ خبر روزنامہ صبح نو فیصل آباد کے نمائندہ کی جانب سے موصول ہوئی ہے جس میں شہری مسائل اور انتظامی امور کے حوالے سے تفصیلات بیان کی گئی ہیں۔ یہ خبر روزنامہ صبح نو فیصل آباد کے نمائندہ کی جانب سے موصول ہوئی ہے جس میں شہری مسائل اور انتظامی امور کے حوالے سے تفصیلات بیان کی گئی ہیں۔ یہ خبر روزنامہ صبح نو فیصل آباد کے نمائندہ کی جانب سے موصول ہوئی ہے جس میں شہری مسائل اور انتظامی امور کے حوالے سے تفصیلات بیان کی گئی ہیں۔ یہ خبر روزنامہ صبح نو فیصل آباد کے نمائندہ کی جانب سے موصول ہوئی ہے جس میں شہری مسائل اور انتظامی امور کے حوالے سے تفصیلات بیان کی گئی ہیں۔ یہ خبر روزنامہ صبح نو فیصل آباد کے نمائندہ کی جانب سے موصول ہوئی ہے جس میں شہری مسائل اور انتظامی امور کے حوالے سے تفصیلات بیان کی گئی ہیں۔ یہ خبر روزنامہ صبح نو فیصل آباد کے نمائندہ کی جانب سے موصول ہوئی ہے جس میں شہری مسائل اور انتظامی امور کے حوالے سے تفصیلات بیان کی گئی ہیں۔
43
صبح نو
★
یہ خبر روزنامہ صبح نو فیصل آباد کے نمائندہ کی جانب سے موصول ہوئی ہے جس میں شہری مسائل اور انتظامی امور کے حوالے سے تفصیلات بیان کی گئی ہیں۔ یہ خبر روزنامہ صبح نو فیصل آباد کے نمائندہ کی جانب سے موصول ہوئی ہے جس میں شہری مسائل اور انتظامی امور کے حوالے سے تفصیلات بیان کی گئی ہیں۔ یہ خبر روزنامہ صبح نو فیصل آباد کے نمائندہ کی جانب سے موصول ہوئی ہے جس میں شہری مسائل اور انتظامی امور کے حوالے سے تفصیلات بیان کی گئی ہیں۔ یہ خبر روزنامہ صبح نو فیصل آباد کے نمائندہ کی جانب سے موصول ہوئی ہے جس میں شہری مسائل اور انتظامی امور کے حوالے سے تفصیلات بیان کی گئی ہیں۔ یہ خبر روزنامہ صبح نو فیصل آباد کے نمائندہ کی جانب سے موصول ہوئی ہے جس میں شہری مسائل اور انتظامی امور کے حوالے سے تفصیلات بیان کی گئی ہیں۔ یہ خبر روزنامہ صبح نو فیصل آباد کے نمائندہ کی جانب سے موصول ہوئی ہے جس میں شہری مسائل اور انتظامی امور کے حوالے سے تفصیلات بیان کی گئی ہیں۔
44
صبح نو
★
یہ خبر روزنامہ صبح نو فیصل آباد کے نمائندہ کی جانب سے موصول ہوئی ہے جس میں شہری مسائل اور انتظامی امور کے حوالے سے تفصیلات بیان کی گئی ہیں۔ یہ خبر روزنامہ صبح نو فیصل آباد کے نمائندہ کی جانب سے موصول ہوئی ہے جس میں شہری مسائل اور انتظامی امور کے حوالے سے تفصیلات بیان کی گئی ہیں۔ یہ خبر روزنامہ صبح نو فیصل آباد کے نمائندہ کی جانب سے موصول ہوئی ہے جس میں شہری مسائل اور انتظامی امور کے حوالے سے تفصیلات بیان کی گئی ہیں۔ یہ خبر روزنامہ صبح نو فیصل آباد کے نمائندہ کی جانب سے موصول ہوئی ہے جس میں شہری مسائل اور انتظامی امور کے حوالے سے تفصیلات بیان کی گئی ہیں۔ یہ خبر روزنامہ صبح نو فیصل آباد کے نمائندہ کی جانب سے موصول ہوئی ہے جس میں شہری مسائل اور انتظامی امور کے حوالے سے تفصیلات بیان کی گئی ہیں۔ یہ خبر روزنامہ صبح نو فیصل آباد کے نمائندہ کی جانب سے موصول ہوئی ہے جس میں شہری مسائل اور انتظامی امور کے حوالے سے تفصیلات بیان کی گئی ہیں۔
45
صبح نو
★
یہ خبر روزنامہ صبح نو فیصل آباد کے نمائندہ کی جانب سے موصول ہوئی ہے جس میں شہری مسائل اور انتظامی امور کے حوالے سے تفصیلات بیان کی گئی ہیں۔ یہ خبر روزنامہ صبح نو فیصل آباد کے نمائندہ کی جانب سے موصول ہوئی ہے جس میں شہری مسائل اور انتظامی امور کے حوالے سے تفصیلات بیان کی گئی ہیں۔ یہ خبر روزنامہ صبح نو فیصل آباد کے نمائندہ کی جانب سے موصول ہوئی ہے جس میں شہری مسائل اور انتظامی امور کے حوالے سے تفصیلات بیان کی گئی ہیں۔ یہ خبر روزنامہ صبح نو فیصل آباد کے نمائندہ کی جانب سے موصول ہوئی ہے جس میں شہری مسائل اور انتظامی امور کے حوالے سے تفصیلات بیان کی گئی ہیں۔ یہ خبر روزنامہ صبح نو فیصل آباد کے نمائندہ کی جانب سے موصول ہوئی ہے جس میں شہری مسائل اور انتظامی امور کے حوالے سے تفصیلات بیان کی گئی ہیں۔ یہ خبر روزنامہ صبح نو فیصل آباد کے نمائندہ کی جانب سے موصول ہوئی ہے جس میں شہری مسائل اور انتظامی امور کے حوالے سے تفصیلات بیان کی گئی ہیں۔
46
صبح نو
★
یہ خبر روزنامہ صبح نو فیصل آباد کے نمائندہ کی جانب سے موصول ہوئی ہے جس میں شہری مسائل اور انتظامی امور کے حوالے سے تفصیلات بیان کی گئی ہیں۔ یہ خبر روزنامہ صبح نو فیصل آباد کے نمائندہ کی جانب سے موصول ہوئی ہے جس میں شہری مسائل اور انتظامی امور کے حوالے سے تفصیلات بیان کی گئی ہیں۔ یہ خبر روزنامہ صبح نو فیصل آباد کے نمائندہ کی جانب سے موصول ہوئی ہے جس میں شہری مسائل اور انتظامی امور کے حوالے سے تفصیلات بیان کی گئی ہیں۔ یہ خبر روزنامہ صبح نو فیصل آباد کے نمائندہ کی جانب سے موصول ہوئی ہے جس میں شہری مسائل اور انتظامی امور کے حوالے سے تفصیلات بیان کی گئی ہیں۔ یہ خبر روزنامہ صبح نو فیصل آباد کے نمائندہ کی جانب سے موصول ہوئی ہے جس میں شہری مسائل اور انتظامی امور کے حوالے سے تفصیلات بیان کی گئی ہیں۔ یہ خبر روزنامہ صبح نو فیصل آباد کے نمائندہ کی جانب سے موصول ہوئی ہے جس میں شہری مسائل اور انتظامی امور کے حوالے سے تفصیلات بیان کی گئی ہیں۔
47
صبح نو
★
یہ خبر روزنامہ صبح نو فیصل آباد کے نمائندہ کی جانب سے موصول ہوئی ہے جس میں شہری مسائل اور انتظامی امور کے حوالے سے تفصیلات بیان کی گئی ہیں۔ یہ خبر روزنامہ صبح نو فیصل آباد کے نمائندہ کی جانب سے موصول ہوئی ہے جس میں شہری مسائل اور انتظامی امور کے حوالے سے تفصیلات بیان کی گئی ہیں۔ یہ خبر روزنامہ صبح نو فیصل آباد کے نمائندہ کی جانب سے موصول ہوئی ہے جس میں شہری مسائل اور انتظامی امور کے حوالے سے تفصیلات بیان کی گئی ہیں۔ یہ خبر روزنامہ صبح نو فیصل آباد کے نمائندہ کی جانب سے موصول ہوئی ہے جس میں شہری مسائل اور انتظامی امور کے حوالے سے تفصیلات بیان کی گئی ہیں۔ یہ خبر روزنامہ صبح نو فیصل آباد کے نمائندہ کی جانب سے موصول ہوئی ہے جس میں شہری مسائل اور انتظامی امور کے حوالے سے تفصیلات بیان کی گئی ہیں۔ یہ خبر روزنامہ صبح نو فیصل آباد کے نمائندہ کی جانب سے موصول ہوئی ہے جس میں شہری مسائل اور انتظامی امور کے حوالے سے تفصیلات بیان کی گئی ہیں۔
48
صبح نو
★
یہ خبر روزنامہ صبح نو فیصل آباد کے نمائندہ کی جانب سے موصول ہوئی ہے جس میں شہری مسائل اور انتظامی امور کے حوالے سے تفصیلات بیان کی گئی ہیں۔ یہ خبر روزنامہ صبح نو فیصل آباد کے نمائندہ کی جانب سے موصول ہوئی ہے جس میں شہری مسائل اور انتظامی امور کے حوالے سے تفصیلات بیان کی گئی ہیں۔ یہ خبر روزنامہ صبح نو فیصل آباد کے نمائندہ کی جانب سے موصول ہوئی ہے جس میں شہری مسائل اور انتظامی امور کے حوالے سے تفصیلات بیان کی گئی ہیں۔ یہ خبر روزنامہ صبح نو فیصل آباد کے نمائندہ کی جانب سے موصول ہوئی ہے جس میں شہری مسائل اور انتظامی امور کے حوالے سے تفصیلات بیان کی گئی ہیں۔ یہ خبر روزنامہ صبح نو فیصل آباد کے نمائندہ کی جانب سے موصول ہوئی ہے جس میں شہری مسائل اور انتظامی امور کے حوالے سے تفصیلات بیان کی گئی ہیں۔ یہ خبر روزنامہ صبح نو فیصل آباد کے نمائندہ کی جانب سے موصول ہوئی ہے جس میں شہری مسائل اور انتظامی امور کے حوالے سے تفصیلات بیان کی گئی ہیں۔
49
صبح نو
★
یہ خبر روزنامہ صبح نو فیصل آباد کے نمائندہ کی جانب سے موصول ہوئی ہے جس میں شہری مسائل اور انتظامی امور کے حوالے سے تفصیلات بیان کی گئی ہیں۔ یہ خبر روزنامہ صبح نو فیصل آباد کے نمائندہ کی جانب سے موصول ہوئی ہے جس میں شہری مسائل اور انتظامی امور کے حوالے سے تفصیلات بیان کی گئی ہیں۔ یہ خبر روزنامہ صبح نو فیصل آباد کے نمائندہ کی جانب سے موصول ہوئی ہے جس میں شہری مسائل اور انتظامی امور کے حوالے سے تفصیلات بیان کی گئی ہیں۔ یہ خبر روزنامہ صبح نو فیصل آباد کے نمائندہ کی جانب سے موصول ہوئی ہے جس میں شہری مسائل اور انتظامی امور کے حوالے سے تفصیلات بیان کی گئی ہیں۔ یہ خبر روزنامہ صبح نو فیصل آباد کے نمائندہ کی جانب سے موصول ہوئی ہے جس میں شہری مسائل اور انتظامی امور کے حوالے سے تفصیلات بیان کی گئی ہیں۔ یہ خبر روزنامہ صبح نو فیصل آباد کے نمائندہ کی جانب سے موصول ہوئی ہے جس میں شہری مسائل اور انتظامی امور کے حوالے سے تفصیلات بیان کی گئی ہیں۔
50
صبح نو
★
یہ خبر روزنامہ صبح نو فیصل آباد کے نمائندہ کی جانب سے موصول ہوئی ہے جس میں شہری مسائل اور انتظامی امور کے حوالے سے تفصیلات بیان کی گئی ہیں۔ یہ خبر روزنامہ صبح نو فیصل آباد کے نمائندہ کی جانب سے موصول ہوئی ہے جس میں شہری مسائل اور انتظامی امور کے حوالے سے تفصیلات بیان کی گئی ہیں۔ یہ خبر روزنامہ صبح نو فیصل آباد کے نمائندہ کی جانب سے موصول ہوئی ہے جس میں شہری مسائل اور انتظامی امور کے حوالے سے تفصیلات بیان کی گئی ہیں۔ یہ خبر روزنامہ صبح نو فیصل آباد کے نمائندہ کی جانب سے موصول ہوئی ہے جس میں شہری مسائل اور انتظامی امور کے حوالے سے تفصیلات بیان کی گئی ہیں۔ یہ خبر روزنامہ صبح نو فیصل آباد کے نمائندہ کی جانب سے موصول ہوئی ہے جس میں شہری مسائل اور انتظامی امور کے حوالے سے تفصیلات بیان کی گئی ہیں۔ یہ خبر روزنامہ صبح نو فیصل آباد کے نمائندہ کی جانب سے موصول ہوئی ہے جس میں شہری مسائل اور انتظامی امور کے حوالے سے تفصیلات بیان کی گئی ہیں۔
51
صبح نو
★
یہ خبر روزنامہ صبح نو فیصل آباد کے نمائندہ کی جانب سے موصول ہوئی ہے جس میں شہری مسائل اور انتظامی امور کے حوالے سے تفصیلات بیان کی گئی ہیں۔ یہ خبر روزنامہ صبح نو فیصل آباد کے نمائندہ کی جانب سے موصول ہوئی ہے جس میں شہری مسائل اور انتظامی امور کے حوالے سے تفصیلات بیان کی گئی ہیں۔ یہ خبر روزنامہ صبح نو فیصل آباد کے نمائندہ کی جانب سے موصول ہوئی ہے جس میں شہری مسائل اور انتظامی امور کے حوالے سے تفصیلات بیان کی گئی ہیں۔ یہ خبر روزنامہ صبح نو فیصل آباد کے نمائندہ کی جانب سے موصول ہوئی ہے جس میں شہری مسائل اور انتظامی امور کے حوالے سے تفصیلات بیان کی گئی ہیں۔ یہ خبر روزنامہ صبح نو فیصل آباد کے نمائندہ کی جانب سے موصول ہوئی ہے جس میں شہری مسائل اور انتظامی امور کے حوالے سے تفصیلات بیان کی گئی ہیں۔ یہ خبر روزنامہ صبح نو فیصل آباد کے نمائندہ کی جانب سے موصول ہوئی ہے جس میں شہری مسائل اور انتظامی امور کے حوالے سے تفصیلات بیان کی گئی ہیں۔
52
صبح نو
★
یہ خبر روزنامہ صبح نو فیصل آباد کے نمائندہ کی جانب سے موصول ہوئی ہے جس میں شہری مسائل اور انتظامی امور کے حوالے سے تفصیلات بیان کی گئی ہیں۔ یہ خبر روزنامہ صبح نو فیصل آباد کے نمائندہ کی جانب سے موصول ہوئی ہے جس میں شہری مسائل اور انتظامی امور کے حوالے سے تفصیلات بیان کی گئی ہیں۔ یہ خبر روزنامہ صبح نو فیصل آباد کے نمائندہ کی جانب سے موصول ہوئی ہے جس میں شہری مسائل اور انتظامی امور کے حوالے سے تفصیلات بیان کی گئی ہیں۔ یہ خبر روزنامہ صبح نو فیصل آباد کے نمائندہ کی جانب سے موصول ہوئی ہے جس میں شہری مسائل اور انتظامی امور کے حوالے سے تفصیلات بیان کی گئی ہیں۔ یہ خبر روزنامہ صبح نو فیصل آباد کے نمائندہ کی جانب سے موصول ہوئی ہے جس میں شہری مسائل اور انتظامی امور کے حوالے سے تفصیلات بیان کی گئی ہیں۔ یہ خبر روزنامہ صبح نو فیصل آباد کے نمائندہ کی جانب سے موصول ہوئی ہے جس میں شہری مسائل اور انتظامی امور کے حوالے سے تفصیلات بیان کی گئی ہیں۔
53
صبح نو
★
یہ خبر روزنامہ صبح نو فیصل آباد کے نمائندہ کی جانب سے موصول ہوئی ہے جس میں شہری مسائل اور انتظامی امور کے حوالے سے تفصیلات بیان کی گئی ہیں۔ یہ خبر روزنامہ صبح نو فیصل آباد کے نمائندہ کی جانب سے موصول ہوئی ہے جس میں شہری مسائل اور انتظامی امور کے حوالے سے تفصیلات بیان کی گئی ہیں۔ یہ خبر روزنامہ صبح نو فیصل آباد کے نمائندہ کی جانب سے موصول ہوئی ہے جس میں شہری مسائل اور انتظامی امور کے حوالے سے تفصیلات بیان کی گئی ہیں۔ یہ خبر روزنامہ صبح نو فیصل آباد کے نمائندہ کی جانب سے موصول ہوئی ہے جس میں شہری مسائل اور انتظامی امور کے حوالے سے تفصیلات بیان کی گئی ہیں۔ یہ خبر روزنامہ صبح نو فیصل آباد کے نمائندہ کی جانب سے موصول ہوئی ہے جس میں شہری مسائل اور انتظامی امور کے حوالے سے تفصیلات بیان کی گئی ہیں۔ یہ خبر روزنامہ صبح نو فیصل آباد کے نمائندہ کی جانب سے موصول ہوئی ہے جس میں شہری مسائل اور انتظامی امور کے حوالے سے تفصیلات بیان کی گئی ہیں۔
54
صبح نو
★
یہ خبر روزنامہ صبح نو فیصل آباد کے نمائندہ کی جانب سے موصول ہوئی ہے جس میں شہری مسائل اور انتظامی امور کے حوالے سے تفصیلات بیان کی گئی ہیں۔ یہ خبر روزنامہ صبح نو فیصل آباد کے نمائندہ کی جانب سے موصول ہوئی ہے جس میں شہری مسائل اور انتظامی امور کے حوالے سے تفصیلات بیان کی گئی ہیں۔ یہ خبر روزنامہ صبح نو فیصل آباد کے نمائندہ کی جانب سے موصول ہوئی ہے جس میں شہری مسائل اور انتظامی امور کے حوالے سے تفصیلات بیان کی گئی ہیں۔ یہ خبر روزنامہ صبح نو فیصل آباد کے نمائندہ کی جانب سے موصول ہوئی ہے جس میں شہری مسائل اور انتظامی امور کے حوالے سے تفصیلات بیان کی گئی ہیں۔ یہ خبر روزنامہ صبح نو فیصل آباد کے نمائندہ کی جانب سے موصول ہوئی ہے جس میں شہری مسائل اور انتظامی امور کے حوالے سے تفصیلات بیان کی گئی ہیں۔ یہ خبر روزنامہ صبح نو فیصل آباد کے نمائندہ کی جانب سے موصول ہوئی ہے جس میں شہری مسائل اور انتظامی امور کے حوالے سے تفصیلات بیان کی گئی ہیں۔
55
صبح نو
★
یہ خبر روزنامہ صبح نو فیصل آباد کے نمائندہ کی جانب سے موصول ہوئی ہے جس میں شہری مسائل اور انتظامی امور کے حوالے سے تفصیلات بیان کی گئی ہیں۔ یہ خبر روزنامہ صبح نو فیصل آباد کے نمائندہ کی جانب سے موصول ہوئی ہے جس میں شہری مسائل اور انتظامی امور کے حوالے سے تفصیلات بیان کی گئی ہیں۔ یہ خبر روزنامہ صبح نو فیصل آباد کے نمائندہ کی جانب سے موصول ہوئی ہے جس میں شہری مسائل اور انتظامی امور کے حوالے سے تفصیلات بیان کی گئی ہیں۔ یہ خبر روزنامہ صبح نو فیصل آباد کے نمائندہ کی جانب سے موصول ہوئی ہے جس میں شہری مسائل اور انتظامی امور کے حوالے سے تفصیلات بیان کی گئی ہیں۔ یہ خبر روزنامہ صبح نو فیصل آباد کے نمائندہ کی جانب سے موصول ہوئی ہے جس میں شہری مسائل اور انتظامی امور کے حوالے سے تفصیلات بیان کی گئی ہیں۔ یہ خبر روزنامہ صبح نو فیصل آباد کے نمائندہ کی جانب سے موصول ہوئی ہے جس میں شہری مسائل اور انتظامی امور کے حوالے سے تفصیلات بیان کی گئی ہیں۔
56
صبح نو
★
یہ خبر روزنامہ صبح نو فیصل آباد کے نمائندہ کی جانب سے موصول ہوئی ہے جس میں شہری مسائل اور انتظامی امور کے حوالے سے تفصیلات بیان کی گئی ہیں۔ یہ خبر روزنامہ صبح نو فیصل آباد کے نمائندہ کی جانب سے موصول ہوئی ہے جس میں شہری مسائل اور انتظامی امور کے حوالے سے تفصیلات بیان کی گئی ہیں۔ یہ خبر روزنامہ صبح نو فیصل آباد کے نمائندہ کی جانب سے موصول ہوئی ہے جس میں شہری مسائل اور انتظامی امور کے حوالے سے تفصیلات بیان کی گئی ہیں۔ یہ خبر روزنامہ صبح نو فیصل آباد کے نمائندہ کی جانب سے موصول ہوئی ہے جس میں شہری مسائل اور انتظامی امور کے حوالے سے تفصیلات بیان کی گئی ہیں۔ یہ خبر روزنامہ صبح نو فیصل آباد کے نمائندہ کی جانب سے موصول ہوئی ہے جس میں شہری مسائل اور انتظامی امور کے حوالے سے تفصیلات بیان کی گئی ہیں۔ یہ خبر روزنامہ صبح نو فیصل آباد کے نمائندہ کی جانب سے موصول ہوئی ہے جس میں شہری مسائل اور انتظامی امور کے حوالے سے تفصیلات بیان کی گئی ہیں۔
57
صبح نو
★
یہ خبر روزنامہ صبح نو فیصل آباد کے نمائندہ کی جانب سے موصول ہوئی ہے جس میں شہری مسائل اور انتظامی امور کے حوالے سے تفصیلات بیان کی گئی ہیں۔ یہ خبر روزنامہ صبح نو فیصل آباد کے نمائندہ کی جانب سے موصول ہوئی ہے جس میں شہری مسائل اور انتظامی امور کے حوالے سے تفصیلات بیان کی گئی ہیں۔ یہ خبر روزنامہ صبح نو فیصل آباد کے نمائندہ کی جانب سے موصول ہوئی ہے جس میں شہری مسائل اور انتظامی امور کے حوالے سے تفصیلات بیان کی گئی ہیں۔ یہ خبر روزنامہ صبح نو فیصل آباد کے نمائندہ کی جانب سے موصول ہوئی ہے جس میں شہری مسائل اور انتظامی امور کے حوالے سے تفصیلات بیان کی گئی ہیں۔ یہ خبر روزنامہ صبح نو فیصل آباد کے نمائندہ کی جانب سے موصول ہوئی ہے جس میں شہری مسائل اور انتظامی امور کے حوالے سے تفصیلات بیان کی گئی ہیں۔ یہ خبر روزنامہ صبح نو فیصل آباد کے نمائندہ کی جانب سے موصول ہوئی ہے جس میں شہری مسائل اور انتظامی امور کے حوالے سے تفصیلات بیان کی گئی ہیں۔
58
صبح نو
★
یہ خبر روزنامہ صبح نو فیصل آباد کے نمائندہ کی جانب سے موصول ہوئی ہے جس میں شہری مسائل اور انتظامی امور کے حوالے سے تفصیلات بیان کی گئی ہیں۔ یہ خبر روزنامہ صبح نو فیصل آباد کے نمائندہ کی جانب سے موصول ہوئی ہے جس میں شہری مسائل اور انتظامی امور کے حوالے سے تفصیلات بیان کی گئی ہیں۔ یہ خبر روزنامہ صبح نو فیصل آباد کے نمائندہ کی جانب سے موصول ہوئی ہے جس میں شہری مسائل اور انتظامی امور کے حوالے سے تفصیلات بیان کی گئی ہیں۔ یہ خبر روزنامہ صبح نو فیصل آباد کے نمائندہ کی جانب سے موصول ہوئی ہے جس میں شہری مسائل اور انتظامی امور کے حوالے سے تفصیلات بیان کی گئی ہیں۔ یہ خبر روزنامہ صبح نو فیصل آباد کے نمائندہ کی جانب سے موصول ہوئی ہے جس میں شہری مسائل اور انتظامی امور کے حوالے سے تفصیلات بیان کی گئی ہیں۔ یہ خبر روزنامہ صبح نو فیصل آباد کے نمائندہ کی جانب سے موصول ہوئی ہے جس میں شہری مسائل اور انتظامی امور کے حوالے سے تفصیلات بیان کی گئی ہیں۔
59
صبح نو
★
یہ خبر روزنامہ صبح نو فیصل آباد کے نمائندہ کی جانب سے موصول ہوئی ہے جس میں شہری مسائل اور انتظامی امور کے حوالے سے تفصیلات بیان کی گئی ہیں۔ یہ خبر روزنامہ صبح نو فیصل آباد کے نمائندہ کی جانب سے موصول ہوئی ہے جس میں شہری مسائل اور انتظامی امور کے حوالے سے تفصیلات بیان کی گئی ہیں۔ یہ خبر روزنامہ صبح نو فیصل آباد کے نمائندہ کی جانب سے موصول ہوئی ہے جس میں شہری مسائل اور انتظامی امور کے حوالے سے تفصیلات بیان کی گئی ہیں۔ یہ خبر روزنامہ صبح نو فیصل آباد کے نمائندہ کی جانب سے موصول ہوئی ہے جس میں شہری مسائل اور انتظامی امور کے حوالے سے تفصیلات بیان کی گئی ہیں۔ یہ خبر روزنامہ صبح نو فیصل آباد کے نمائندہ کی جانب سے موصول ہوئی ہے جس میں شہری مسائل اور انتظامی امور کے حوالے سے تفصیلات بیان کی گئی ہیں۔ یہ خبر روزنامہ صبح نو فیصل آباد کے نمائندہ کی جانب سے موصول ہوئی ہے جس میں شہری مسائل اور انتظامی امور کے حوالے سے تفصیلات بیان کی گئی ہیں۔
60
صبح نو
★
یہ خبر روزنامہ صبح نو فیصل آباد کے نمائندہ کی جانب سے موصول ہوئی ہے جس میں شہری مسائل اور انتظامی امور کے حوالے سے تفصیلات بیان کی گئی ہیں۔ یہ خبر روزنامہ صبح نو فیصل آباد کے نمائندہ کی جانب سے موصول ہوئی ہے جس میں شہری مسائل اور انتظامی امور کے حوالے سے تفصیلات بیان کی گئی ہیں۔ یہ خبر روزنامہ صبح نو فیصل آباد کے نمائندہ کی جانب سے موصول ہوئی ہے جس میں شہری مسائل اور انتظامی امور کے حوالے سے تفصیلات بیان کی گئی ہیں۔ یہ خبر روزنامہ صبح نو فیصل آباد کے نمائندہ کی جانب سے موصول ہوئی ہے جس میں شہری مسائل اور انتظامی امور کے حوالے سے تفصیلات بیان کی گئی ہیں۔ یہ خبر روزنامہ صبح نو فیصل آباد کے نمائندہ کی جانب سے موصول ہوئی ہے جس میں شہری مسائل اور انتظامی امور کے حوالے سے تفصیلات بیان کی گئی ہیں۔ یہ خبر روزنامہ صبح نو فیصل آباد کے نمائندہ کی جانب سے موصول ہوئی ہے جس میں شہری مسائل اور انتظامی امور کے حوالے سے تفصیلات بیان کی گئی ہیں۔
61
صبح نو
★
یہ خبر روزنامہ صبح نو فیصل آباد کے نمائندہ کی جانب سے موصول ہوئی ہے جس میں شہری مسائل اور انتظامی امور کے حوالے سے تفصیلات بیان کی گئی ہیں۔ یہ خبر روزنامہ صبح نو فیصل آباد کے نمائندہ کی جانب سے موصول ہوئی ہے جس میں شہری مسائل اور انتظامی امور کے حوالے سے تفصیلات بیان کی گئی ہیں۔ یہ خبر روزنامہ صبح نو فیصل آباد کے نمائندہ کی جانب سے موصول ہوئی ہے جس میں شہری مسائل اور انتظامی امور کے حوالے سے تفصیلات بیان کی گئی ہیں۔ یہ خبر روزنامہ صبح نو فیصل آباد کے نمائندہ کی جانب سے موصول ہوئی ہے جس میں شہری مسائل اور انتظامی امور کے حوالے سے تفصیلات بیان کی گئی ہیں۔ یہ خبر روزنامہ صبح نو فیصل آباد کے نمائندہ کی جانب سے موصول ہوئی ہے جس میں شہری مسائل اور انتظامی امور کے حوالے سے تفصیلات بیان کی گئی ہیں۔ یہ خبر روزنامہ صبح نو فیصل آباد کے نمائندہ کی جانب سے موصول ہوئی ہے جس میں شہری مسائل اور انتظامی امور کے حوالے سے تفصیلات بیان کی گئی ہیں۔
62
صبح نو
★
یہ خبر روزنامہ صبح نو فیصل آباد کے نمائندہ کی جانب سے موصول ہوئی ہے جس میں شہری مسائل اور انتظامی امور کے حوالے سے تفصیلات بیان کی گئی ہیں۔ یہ خبر روزنامہ صبح نو فیصل آباد کے نمائندہ کی جانب سے موصول ہوئی ہے جس میں شہری مسائل اور انتظامی امور کے حوالے سے تفصیلات بیان کی گئی ہیں۔ یہ خبر روزنامہ صبح نو فیصل آباد کے نمائندہ کی جانب سے موصول ہوئی ہے جس میں شہری مسائل اور انتظامی امور کے حوالے سے تفصیلات بیان کی گئی ہیں۔ یہ خبر روزنامہ صبح نو فیصل آباد کے نمائندہ کی جانب سے موصول ہوئی ہے جس میں شہری مسائل اور انتظامی امور کے حوالے سے تفصیلات بیان کی گئی ہیں۔ یہ خبر روزنامہ صبح نو فیصل آباد کے نمائندہ کی جانب سے موصول ہوئی ہے جس میں شہری مسائل اور انتظامی امور کے حوالے سے تفصیلات بیان کی گئی ہیں۔ یہ خبر روزنامہ صبح نو فیصل آباد کے نمائندہ کی جانب سے موصول ہوئی ہے جس میں شہری مسائل اور انتظامی امور کے حوالے سے تفصیلات بیان کی گئی ہیں۔
63
صبح نو
★
یہ خبر روزنامہ صبح نو فیصل آباد کے نمائندہ کی جانب سے موصول ہوئی ہے جس میں شہری مسائل اور انتظامی امور کے حوالے سے تفصیلات بیان کی گئی ہیں۔ یہ خبر روزنامہ صبح نو فیصل آباد کے نمائندہ کی جانب سے موصول ہوئی ہے جس میں شہری مسائل اور انتظامی امور کے حوالے سے تفصیلات بیان کی گئی ہیں۔ یہ خبر روزنامہ صبح نو فیصل آباد کے نمائندہ کی جانب سے موصول ہوئی ہے جس میں شہری مسائل اور انتظامی امور کے حوالے سے تفصیلات بیان کی گئی ہیں۔ یہ خبر روزنامہ صبح نو فیصل آباد کے نمائندہ کی جانب سے موصول ہوئی ہے جس میں شہری مسائل اور انتظامی امور کے حوالے سے تفصیلات بیان کی گئی ہیں۔ یہ خبر روزنامہ صبح نو فیصل آباد کے نمائندہ کی جانب سے موصول ہوئی ہے جس میں شہری مسائل اور انتظامی امور کے حوالے سے تفصیلات بیان کی گئی ہیں۔ یہ خبر روزنامہ صبح نو فیصل آباد کے نمائندہ کی جانب سے موصول ہوئی ہے جس میں شہری مسائل اور انتظامی امور کے حوالے سے تفصیلات بیان کی گئی ہیں۔
64
صبح نو
★
یہ خبر روزنامہ صبح نو فیصل آباد کے نمائندہ کی جانب سے موصول ہوئی ہے جس میں شہری مسائل اور انتظامی امور کے حوالے سے تفصیلات بیان کی گئی ہیں۔ یہ خبر روزنامہ صبح نو فیصل آباد کے نمائندہ کی جانب سے موصول ہوئی ہے جس میں شہری مسائل اور انتظامی امور کے حوالے سے تفصیلات بیان کی گئی ہیں۔ یہ خبر روزنامہ صبح نو فیصل آباد کے نمائندہ کی جانب سے موصول ہوئی ہے جس میں شہری مسائل اور انتظامی امور کے حوالے سے تفصیلات بیان کی گئی ہیں۔ یہ خبر روزنامہ صبح نو فیصل آباد کے نمائندہ کی جانب سے موصول ہوئی ہے جس میں شہری مسائل اور انتظامی امور کے حوالے سے تفصیلات بیان کی گئی ہیں۔ یہ خبر روزنامہ صبح نو فیصل آباد کے نمائندہ کی جانب سے موصول ہوئی ہے جس میں شہری مسائل اور انتظامی امور کے حوالے سے تفصیلات بیان کی گئی ہیں۔ یہ خبر روزنامہ صبح نو فیصل آباد کے نمائندہ کی جانب سے موصول ہوئی ہے جس میں شہری مسائل اور انتظامی امور کے حوالے سے تفصیلات بیان کی گئی ہیں۔
65
صبح نو
★
یہ خبر روزنامہ صبح نو فیصل آباد کے نمائندہ کی جانب سے موصول ہوئی ہے جس میں شہری مسائل اور انتظامی امور کے حوالے سے تفصیلات بیان کی گئی ہیں۔ یہ خبر روزنامہ صبح نو فیصل آباد کے نمائندہ کی جانب سے موصول ہوئی ہے جس میں شہری مسائل اور انتظامی امور کے حوالے سے تفصیلات بیان کی گئی ہیں۔ یہ خبر روزنامہ صبح نو فیصل آباد کے نمائندہ کی جانب سے موصول ہوئی ہے جس میں شہری مسائل اور انتظامی امور کے حوالے سے تفصیلات بیان کی گئی ہیں۔ یہ خبر روزنامہ صبح نو فیصل آباد کے نمائندہ کی جانب سے موصول ہوئی ہے جس میں شہری مسائل اور انتظامی امور کے حوالے سے تفصیلات بیان کی گئی ہیں۔ یہ خبر روزنامہ صبح نو فیصل آباد کے نمائندہ کی جانب سے موصول ہوئی ہے جس میں شہری مسائل اور انتظامی امور کے حوالے سے تفصیلات بیان کی گئی ہیں۔ یہ خبر روزنامہ صبح نو فیصل آباد کے نمائندہ کی جانب سے موصول ہوئی ہے جس میں شہری مسائل اور انتظامی امور کے حوالے سے تفصیلات بیان کی گئی ہیں۔
66
صبح نو
★
یہ خبر روزنامہ صبح نو فیصل آباد کے نمائندہ کی جانب سے موصول ہوئی ہے جس میں شہری مسائل اور انتظامی امور کے حوالے سے تفصیلات بیان کی گئی ہیں۔ یہ خبر روزنامہ صبح نو فیصل آباد کے نمائندہ کی جانب سے موصول ہوئی ہے جس میں شہری مسائل اور انتظامی امور کے حوالے سے تفصیلات بیان کی گئی ہیں۔ یہ خبر روزنامہ صبح نو فیصل آباد کے نمائندہ کی جانب سے موصول ہوئی ہے جس میں شہری مسائل اور انتظامی امور کے حوالے سے تفصیلات بیان کی گئی ہیں۔ یہ خبر روزنامہ صبح نو فیصل آباد کے نمائندہ کی جانب سے موصول ہوئی ہے جس میں شہری مسائل اور انتظامی امور کے حوالے سے تفصیلات بیان کی گئی ہیں۔ یہ خبر روزنامہ صبح نو فیصل آباد کے نمائندہ کی جانب سے موصول ہوئی ہے جس میں شہری مسائل اور انتظامی امور کے حوالے سے تفصیلات بیان کی گئی ہیں۔ یہ خبر روزنامہ صبح نو فیصل آباد کے نمائندہ کی جانب سے موصول ہوئی ہے جس میں شہری مسائل اور انتظامی امور کے حوالے سے تفصیلات بیان کی گئی ہیں۔
67
صبح نو
★
یہ خبر روزنامہ صبح نو فیصل آباد کے نمائندہ کی جانب سے موصول ہوئی ہے جس میں شہری مسائل اور انتظامی امور کے حوالے سے تفصیلات بیان کی گئی ہیں۔ یہ خبر روزنامہ صبح نو فیصل آباد کے نمائندہ کی جانب سے موصول ہوئی ہے جس میں شہری مسائل اور انتظامی امور کے حوالے سے تفصیلات بیان کی گئی ہیں۔ یہ خبر روزنامہ صبح نو فیصل آباد کے نمائندہ کی جانب سے موصول ہوئی ہے جس میں شہری مسائل اور انتظامی امور کے حوالے سے تفصیلات بیان کی گئی ہیں۔ یہ خبر روزنامہ صبح نو فیصل آباد کے نمائندہ کی جانب سے موصول ہوئی ہے جس میں شہری مسائل اور انتظامی امور کے حوالے سے تفصیلات بیان کی گئی ہیں۔ یہ خبر روزنامہ صبح نو فیصل آباد کے نمائندہ کی جانب سے موصول ہوئی ہے جس میں شہری مسائل اور انتظامی امور کے حوالے سے تفصیلات بیان کی گئی ہیں۔ یہ خبر روزنامہ صبح نو فیصل آباد کے نمائندہ کی جانب سے موصول ہوئی ہے جس میں شہری مسائل اور انتظامی امور کے حوالے سے تفصیلات بیان کی گئی ہیں۔
روزنامہ صبح نو فیصل آباد
چیف ایڈیٹر
پرنٹر و پبلشر نے ... پرنٹنگ پریس سے چھپوا کر دفتر روزنامہ صبح نو فیصل آباد سے شائع کیا۔
D-161
